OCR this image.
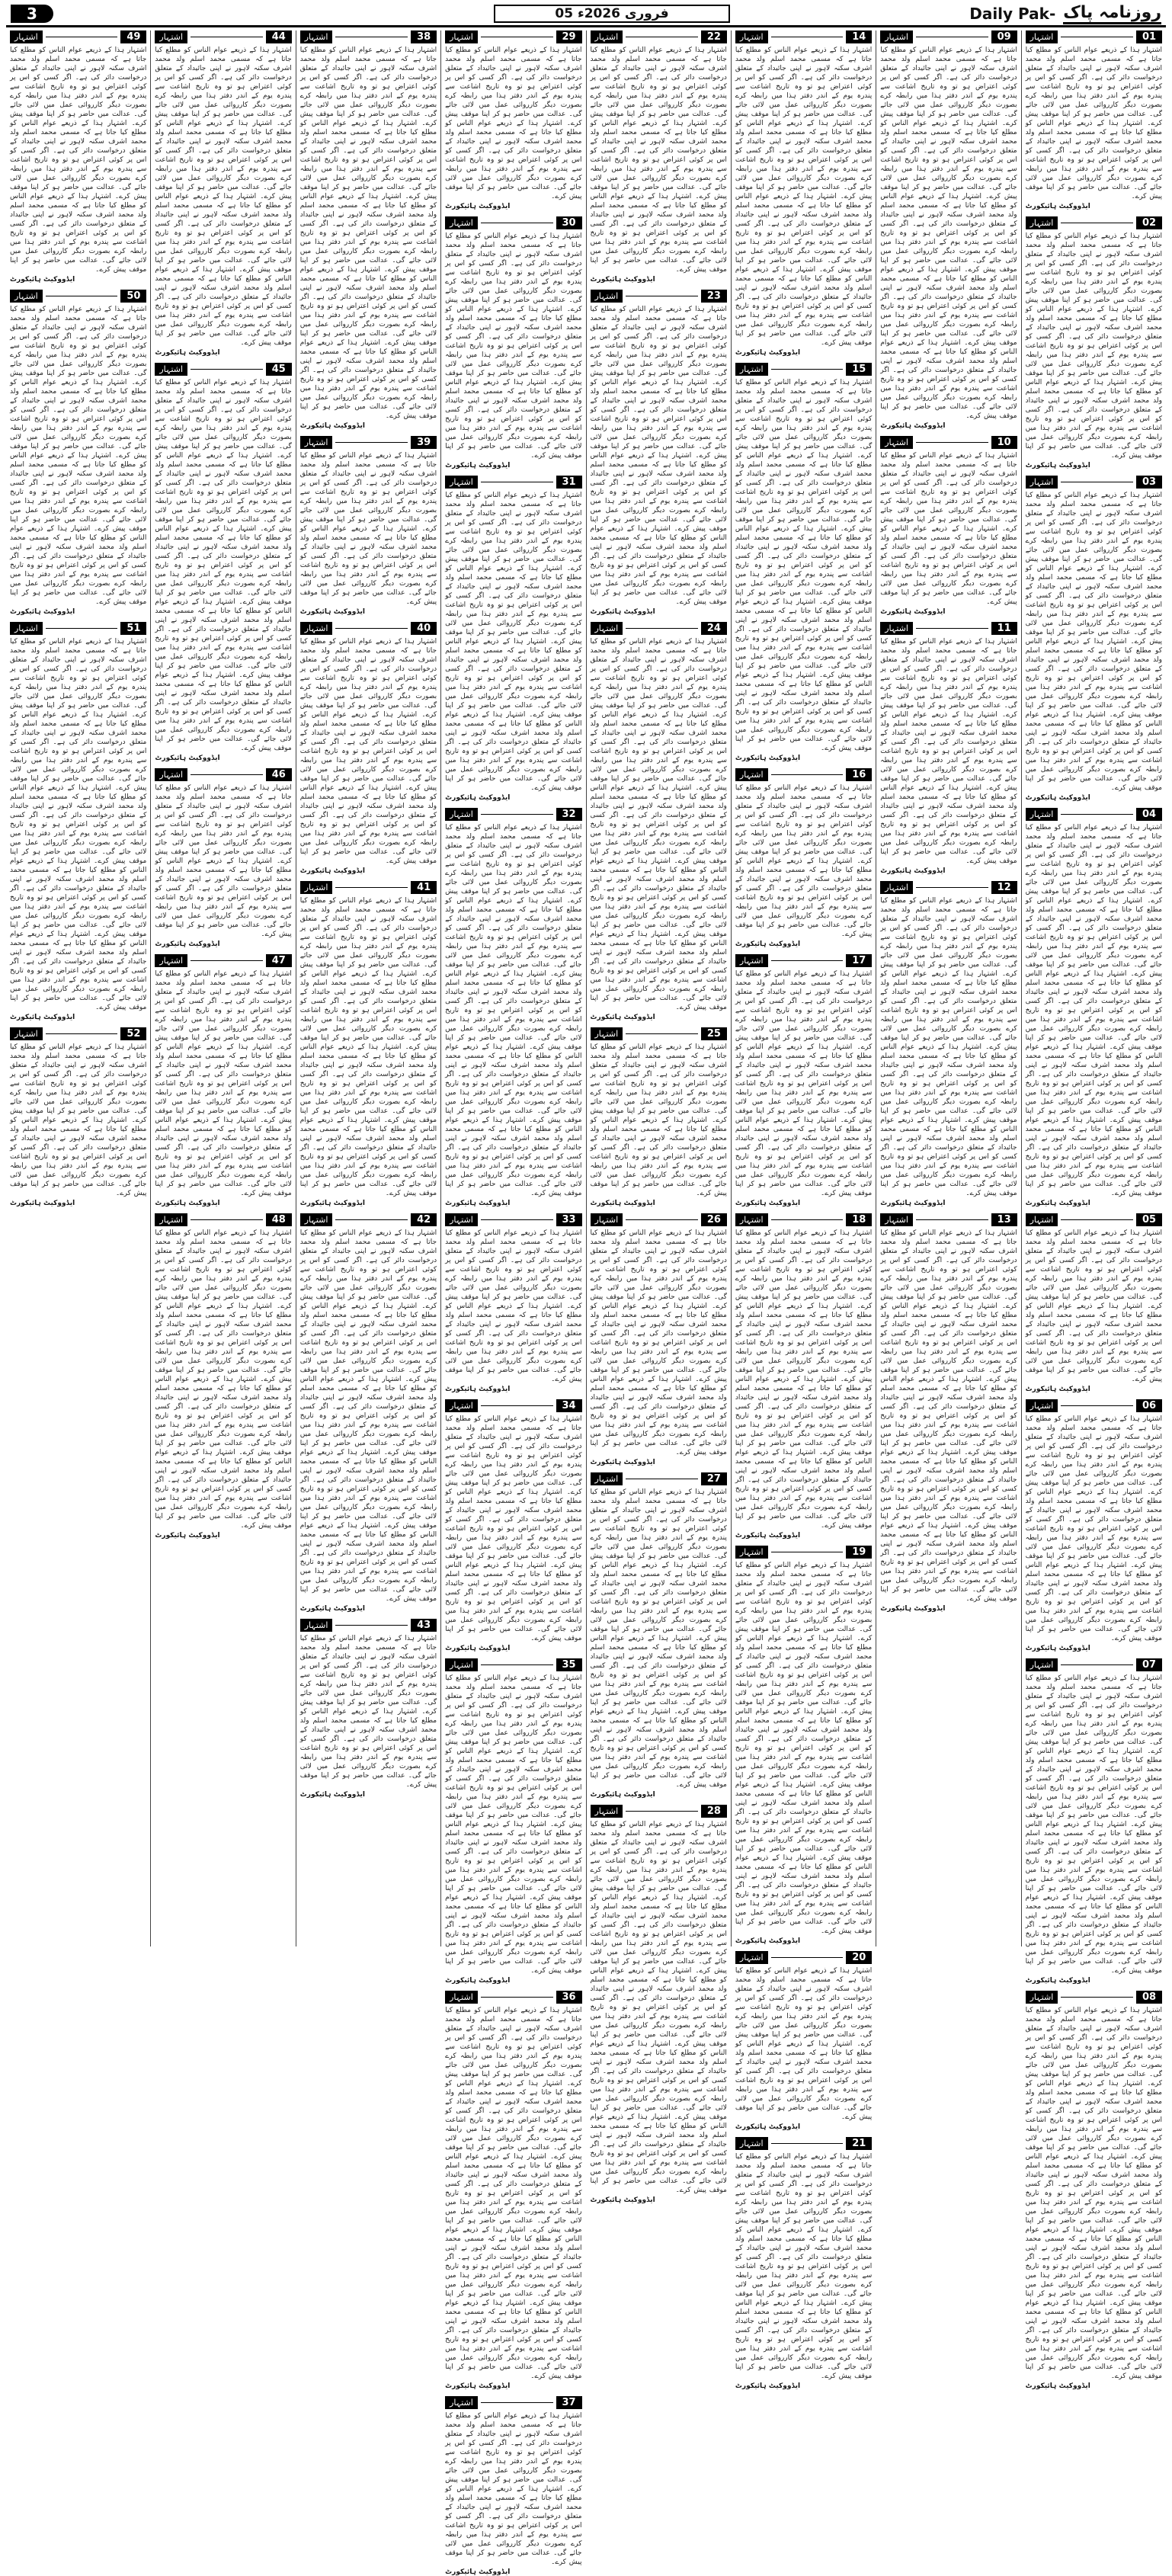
3	05 فروری 2026ء	Daily Pak- روزنامہ پاک
01
اشتہار
اشتہار ہذا کے ذریعے عوام الناس کو مطلع کیا جاتا ہے کہ مسمی محمد اسلم ولد محمد اشرف سکنہ لاہور نے اپنی جائیداد کے متعلق درخواست دائر کی ہے۔ اگر کسی کو اس پر کوئی اعتراض ہو تو وہ تاریخ اشاعت سے پندرہ یوم کے اندر دفتر ہذا میں رابطہ کرے بصورت دیگر کارروائی عمل میں لائی جائے گی۔ عدالت میں حاضر ہو کر اپنا موقف پیش کرے۔ اشتہار ہذا کے ذریعے عوام الناس کو مطلع کیا جاتا ہے کہ مسمی محمد اسلم ولد محمد اشرف سکنہ لاہور نے اپنی جائیداد کے متعلق درخواست دائر کی ہے۔ اگر کسی کو اس پر کوئی اعتراض ہو تو وہ تاریخ اشاعت سے پندرہ یوم کے اندر دفتر ہذا میں رابطہ کرے بصورت دیگر کارروائی عمل میں لائی جائے گی۔ عدالت میں حاضر ہو کر اپنا موقف پیش کرے۔
ایڈووکیٹ ہائیکورٹ
02
اشتہار
اشتہار ہذا کے ذریعے عوام الناس کو مطلع کیا جاتا ہے کہ مسمی محمد اسلم ولد محمد اشرف سکنہ لاہور نے اپنی جائیداد کے متعلق درخواست دائر کی ہے۔ اگر کسی کو اس پر کوئی اعتراض ہو تو وہ تاریخ اشاعت سے پندرہ یوم کے اندر دفتر ہذا میں رابطہ کرے بصورت دیگر کارروائی عمل میں لائی جائے گی۔ عدالت میں حاضر ہو کر اپنا موقف پیش کرے۔ اشتہار ہذا کے ذریعے عوام الناس کو مطلع کیا جاتا ہے کہ مسمی محمد اسلم ولد محمد اشرف سکنہ لاہور نے اپنی جائیداد کے متعلق درخواست دائر کی ہے۔ اگر کسی کو اس پر کوئی اعتراض ہو تو وہ تاریخ اشاعت سے پندرہ یوم کے اندر دفتر ہذا میں رابطہ کرے بصورت دیگر کارروائی عمل میں لائی جائے گی۔ عدالت میں حاضر ہو کر اپنا موقف پیش کرے۔ اشتہار ہذا کے ذریعے عوام الناس کو مطلع کیا جاتا ہے کہ مسمی محمد اسلم ولد محمد اشرف سکنہ لاہور نے اپنی جائیداد کے متعلق درخواست دائر کی ہے۔ اگر کسی کو اس پر کوئی اعتراض ہو تو وہ تاریخ اشاعت سے پندرہ یوم کے اندر دفتر ہذا میں رابطہ کرے بصورت دیگر کارروائی عمل میں لائی جائے گی۔ عدالت میں حاضر ہو کر اپنا موقف پیش کرے۔
ایڈووکیٹ ہائیکورٹ
03
اشتہار
اشتہار ہذا کے ذریعے عوام الناس کو مطلع کیا جاتا ہے کہ مسمی محمد اسلم ولد محمد اشرف سکنہ لاہور نے اپنی جائیداد کے متعلق درخواست دائر کی ہے۔ اگر کسی کو اس پر کوئی اعتراض ہو تو وہ تاریخ اشاعت سے پندرہ یوم کے اندر دفتر ہذا میں رابطہ کرے بصورت دیگر کارروائی عمل میں لائی جائے گی۔ عدالت میں حاضر ہو کر اپنا موقف پیش کرے۔ اشتہار ہذا کے ذریعے عوام الناس کو مطلع کیا جاتا ہے کہ مسمی محمد اسلم ولد محمد اشرف سکنہ لاہور نے اپنی جائیداد کے متعلق درخواست دائر کی ہے۔ اگر کسی کو اس پر کوئی اعتراض ہو تو وہ تاریخ اشاعت سے پندرہ یوم کے اندر دفتر ہذا میں رابطہ کرے بصورت دیگر کارروائی عمل میں لائی جائے گی۔ عدالت میں حاضر ہو کر اپنا موقف پیش کرے۔ اشتہار ہذا کے ذریعے عوام الناس کو مطلع کیا جاتا ہے کہ مسمی محمد اسلم ولد محمد اشرف سکنہ لاہور نے اپنی جائیداد کے متعلق درخواست دائر کی ہے۔ اگر کسی کو اس پر کوئی اعتراض ہو تو وہ تاریخ اشاعت سے پندرہ یوم کے اندر دفتر ہذا میں رابطہ کرے بصورت دیگر کارروائی عمل میں لائی جائے گی۔ عدالت میں حاضر ہو کر اپنا موقف پیش کرے۔ اشتہار ہذا کے ذریعے عوام الناس کو مطلع کیا جاتا ہے کہ مسمی محمد اسلم ولد محمد اشرف سکنہ لاہور نے اپنی جائیداد کے متعلق درخواست دائر کی ہے۔ اگر کسی کو اس پر کوئی اعتراض ہو تو وہ تاریخ اشاعت سے پندرہ یوم کے اندر دفتر ہذا میں رابطہ کرے بصورت دیگر کارروائی عمل میں لائی جائے گی۔ عدالت میں حاضر ہو کر اپنا موقف پیش کرے۔
ایڈووکیٹ ہائیکورٹ
04
اشتہار
اشتہار ہذا کے ذریعے عوام الناس کو مطلع کیا جاتا ہے کہ مسمی محمد اسلم ولد محمد اشرف سکنہ لاہور نے اپنی جائیداد کے متعلق درخواست دائر کی ہے۔ اگر کسی کو اس پر کوئی اعتراض ہو تو وہ تاریخ اشاعت سے پندرہ یوم کے اندر دفتر ہذا میں رابطہ کرے بصورت دیگر کارروائی عمل میں لائی جائے گی۔ عدالت میں حاضر ہو کر اپنا موقف پیش کرے۔ اشتہار ہذا کے ذریعے عوام الناس کو مطلع کیا جاتا ہے کہ مسمی محمد اسلم ولد محمد اشرف سکنہ لاہور نے اپنی جائیداد کے متعلق درخواست دائر کی ہے۔ اگر کسی کو اس پر کوئی اعتراض ہو تو وہ تاریخ اشاعت سے پندرہ یوم کے اندر دفتر ہذا میں رابطہ کرے بصورت دیگر کارروائی عمل میں لائی جائے گی۔ عدالت میں حاضر ہو کر اپنا موقف پیش کرے۔ اشتہار ہذا کے ذریعے عوام الناس کو مطلع کیا جاتا ہے کہ مسمی محمد اسلم ولد محمد اشرف سکنہ لاہور نے اپنی جائیداد کے متعلق درخواست دائر کی ہے۔ اگر کسی کو اس پر کوئی اعتراض ہو تو وہ تاریخ اشاعت سے پندرہ یوم کے اندر دفتر ہذا میں رابطہ کرے بصورت دیگر کارروائی عمل میں لائی جائے گی۔ عدالت میں حاضر ہو کر اپنا موقف پیش کرے۔ اشتہار ہذا کے ذریعے عوام الناس کو مطلع کیا جاتا ہے کہ مسمی محمد اسلم ولد محمد اشرف سکنہ لاہور نے اپنی جائیداد کے متعلق درخواست دائر کی ہے۔ اگر کسی کو اس پر کوئی اعتراض ہو تو وہ تاریخ اشاعت سے پندرہ یوم کے اندر دفتر ہذا میں رابطہ کرے بصورت دیگر کارروائی عمل میں لائی جائے گی۔ عدالت میں حاضر ہو کر اپنا موقف پیش کرے۔ اشتہار ہذا کے ذریعے عوام الناس کو مطلع کیا جاتا ہے کہ مسمی محمد اسلم ولد محمد اشرف سکنہ لاہور نے اپنی جائیداد کے متعلق درخواست دائر کی ہے۔ اگر کسی کو اس پر کوئی اعتراض ہو تو وہ تاریخ اشاعت سے پندرہ یوم کے اندر دفتر ہذا میں رابطہ کرے بصورت دیگر کارروائی عمل میں لائی جائے گی۔ عدالت میں حاضر ہو کر اپنا موقف پیش کرے۔
ایڈووکیٹ ہائیکورٹ
05
اشتہار
اشتہار ہذا کے ذریعے عوام الناس کو مطلع کیا جاتا ہے کہ مسمی محمد اسلم ولد محمد اشرف سکنہ لاہور نے اپنی جائیداد کے متعلق درخواست دائر کی ہے۔ اگر کسی کو اس پر کوئی اعتراض ہو تو وہ تاریخ اشاعت سے پندرہ یوم کے اندر دفتر ہذا میں رابطہ کرے بصورت دیگر کارروائی عمل میں لائی جائے گی۔ عدالت میں حاضر ہو کر اپنا موقف پیش کرے۔ اشتہار ہذا کے ذریعے عوام الناس کو مطلع کیا جاتا ہے کہ مسمی محمد اسلم ولد محمد اشرف سکنہ لاہور نے اپنی جائیداد کے متعلق درخواست دائر کی ہے۔ اگر کسی کو اس پر کوئی اعتراض ہو تو وہ تاریخ اشاعت سے پندرہ یوم کے اندر دفتر ہذا میں رابطہ کرے بصورت دیگر کارروائی عمل میں لائی جائے گی۔ عدالت میں حاضر ہو کر اپنا موقف پیش کرے۔
ایڈووکیٹ ہائیکورٹ
06
اشتہار
اشتہار ہذا کے ذریعے عوام الناس کو مطلع کیا جاتا ہے کہ مسمی محمد اسلم ولد محمد اشرف سکنہ لاہور نے اپنی جائیداد کے متعلق درخواست دائر کی ہے۔ اگر کسی کو اس پر کوئی اعتراض ہو تو وہ تاریخ اشاعت سے پندرہ یوم کے اندر دفتر ہذا میں رابطہ کرے بصورت دیگر کارروائی عمل میں لائی جائے گی۔ عدالت میں حاضر ہو کر اپنا موقف پیش کرے۔ اشتہار ہذا کے ذریعے عوام الناس کو مطلع کیا جاتا ہے کہ مسمی محمد اسلم ولد محمد اشرف سکنہ لاہور نے اپنی جائیداد کے متعلق درخواست دائر کی ہے۔ اگر کسی کو اس پر کوئی اعتراض ہو تو وہ تاریخ اشاعت سے پندرہ یوم کے اندر دفتر ہذا میں رابطہ کرے بصورت دیگر کارروائی عمل میں لائی جائے گی۔ عدالت میں حاضر ہو کر اپنا موقف پیش کرے۔ اشتہار ہذا کے ذریعے عوام الناس کو مطلع کیا جاتا ہے کہ مسمی محمد اسلم ولد محمد اشرف سکنہ لاہور نے اپنی جائیداد کے متعلق درخواست دائر کی ہے۔ اگر کسی کو اس پر کوئی اعتراض ہو تو وہ تاریخ اشاعت سے پندرہ یوم کے اندر دفتر ہذا میں رابطہ کرے بصورت دیگر کارروائی عمل میں لائی جائے گی۔ عدالت میں حاضر ہو کر اپنا موقف پیش کرے۔
ایڈووکیٹ ہائیکورٹ
07
اشتہار
اشتہار ہذا کے ذریعے عوام الناس کو مطلع کیا جاتا ہے کہ مسمی محمد اسلم ولد محمد اشرف سکنہ لاہور نے اپنی جائیداد کے متعلق درخواست دائر کی ہے۔ اگر کسی کو اس پر کوئی اعتراض ہو تو وہ تاریخ اشاعت سے پندرہ یوم کے اندر دفتر ہذا میں رابطہ کرے بصورت دیگر کارروائی عمل میں لائی جائے گی۔ عدالت میں حاضر ہو کر اپنا موقف پیش کرے۔ اشتہار ہذا کے ذریعے عوام الناس کو مطلع کیا جاتا ہے کہ مسمی محمد اسلم ولد محمد اشرف سکنہ لاہور نے اپنی جائیداد کے متعلق درخواست دائر کی ہے۔ اگر کسی کو اس پر کوئی اعتراض ہو تو وہ تاریخ اشاعت سے پندرہ یوم کے اندر دفتر ہذا میں رابطہ کرے بصورت دیگر کارروائی عمل میں لائی جائے گی۔ عدالت میں حاضر ہو کر اپنا موقف پیش کرے۔ اشتہار ہذا کے ذریعے عوام الناس کو مطلع کیا جاتا ہے کہ مسمی محمد اسلم ولد محمد اشرف سکنہ لاہور نے اپنی جائیداد کے متعلق درخواست دائر کی ہے۔ اگر کسی کو اس پر کوئی اعتراض ہو تو وہ تاریخ اشاعت سے پندرہ یوم کے اندر دفتر ہذا میں رابطہ کرے بصورت دیگر کارروائی عمل میں لائی جائے گی۔ عدالت میں حاضر ہو کر اپنا موقف پیش کرے۔ اشتہار ہذا کے ذریعے عوام الناس کو مطلع کیا جاتا ہے کہ مسمی محمد اسلم ولد محمد اشرف سکنہ لاہور نے اپنی جائیداد کے متعلق درخواست دائر کی ہے۔ اگر کسی کو اس پر کوئی اعتراض ہو تو وہ تاریخ اشاعت سے پندرہ یوم کے اندر دفتر ہذا میں رابطہ کرے بصورت دیگر کارروائی عمل میں لائی جائے گی۔ عدالت میں حاضر ہو کر اپنا موقف پیش کرے۔
ایڈووکیٹ ہائیکورٹ
08
اشتہار
اشتہار ہذا کے ذریعے عوام الناس کو مطلع کیا جاتا ہے کہ مسمی محمد اسلم ولد محمد اشرف سکنہ لاہور نے اپنی جائیداد کے متعلق درخواست دائر کی ہے۔ اگر کسی کو اس پر کوئی اعتراض ہو تو وہ تاریخ اشاعت سے پندرہ یوم کے اندر دفتر ہذا میں رابطہ کرے بصورت دیگر کارروائی عمل میں لائی جائے گی۔ عدالت میں حاضر ہو کر اپنا موقف پیش کرے۔ اشتہار ہذا کے ذریعے عوام الناس کو مطلع کیا جاتا ہے کہ مسمی محمد اسلم ولد محمد اشرف سکنہ لاہور نے اپنی جائیداد کے متعلق درخواست دائر کی ہے۔ اگر کسی کو اس پر کوئی اعتراض ہو تو وہ تاریخ اشاعت سے پندرہ یوم کے اندر دفتر ہذا میں رابطہ کرے بصورت دیگر کارروائی عمل میں لائی جائے گی۔ عدالت میں حاضر ہو کر اپنا موقف پیش کرے۔ اشتہار ہذا کے ذریعے عوام الناس کو مطلع کیا جاتا ہے کہ مسمی محمد اسلم ولد محمد اشرف سکنہ لاہور نے اپنی جائیداد کے متعلق درخواست دائر کی ہے۔ اگر کسی کو اس پر کوئی اعتراض ہو تو وہ تاریخ اشاعت سے پندرہ یوم کے اندر دفتر ہذا میں رابطہ کرے بصورت دیگر کارروائی عمل میں لائی جائے گی۔ عدالت میں حاضر ہو کر اپنا موقف پیش کرے۔ اشتہار ہذا کے ذریعے عوام الناس کو مطلع کیا جاتا ہے کہ مسمی محمد اسلم ولد محمد اشرف سکنہ لاہور نے اپنی جائیداد کے متعلق درخواست دائر کی ہے۔ اگر کسی کو اس پر کوئی اعتراض ہو تو وہ تاریخ اشاعت سے پندرہ یوم کے اندر دفتر ہذا میں رابطہ کرے بصورت دیگر کارروائی عمل میں لائی جائے گی۔ عدالت میں حاضر ہو کر اپنا موقف پیش کرے۔ اشتہار ہذا کے ذریعے عوام الناس کو مطلع کیا جاتا ہے کہ مسمی محمد اسلم ولد محمد اشرف سکنہ لاہور نے اپنی جائیداد کے متعلق درخواست دائر کی ہے۔ اگر کسی کو اس پر کوئی اعتراض ہو تو وہ تاریخ اشاعت سے پندرہ یوم کے اندر دفتر ہذا میں رابطہ کرے بصورت دیگر کارروائی عمل میں لائی جائے گی۔ عدالت میں حاضر ہو کر اپنا موقف پیش کرے۔
ایڈووکیٹ ہائیکورٹ
09
اشتہار
اشتہار ہذا کے ذریعے عوام الناس کو مطلع کیا جاتا ہے کہ مسمی محمد اسلم ولد محمد اشرف سکنہ لاہور نے اپنی جائیداد کے متعلق درخواست دائر کی ہے۔ اگر کسی کو اس پر کوئی اعتراض ہو تو وہ تاریخ اشاعت سے پندرہ یوم کے اندر دفتر ہذا میں رابطہ کرے بصورت دیگر کارروائی عمل میں لائی جائے گی۔ عدالت میں حاضر ہو کر اپنا موقف پیش کرے۔ اشتہار ہذا کے ذریعے عوام الناس کو مطلع کیا جاتا ہے کہ مسمی محمد اسلم ولد محمد اشرف سکنہ لاہور نے اپنی جائیداد کے متعلق درخواست دائر کی ہے۔ اگر کسی کو اس پر کوئی اعتراض ہو تو وہ تاریخ اشاعت سے پندرہ یوم کے اندر دفتر ہذا میں رابطہ کرے بصورت دیگر کارروائی عمل میں لائی جائے گی۔ عدالت میں حاضر ہو کر اپنا موقف پیش کرے۔ اشتہار ہذا کے ذریعے عوام الناس کو مطلع کیا جاتا ہے کہ مسمی محمد اسلم ولد محمد اشرف سکنہ لاہور نے اپنی جائیداد کے متعلق درخواست دائر کی ہے۔ اگر کسی کو اس پر کوئی اعتراض ہو تو وہ تاریخ اشاعت سے پندرہ یوم کے اندر دفتر ہذا میں رابطہ کرے بصورت دیگر کارروائی عمل میں لائی جائے گی۔ عدالت میں حاضر ہو کر اپنا موقف پیش کرے۔ اشتہار ہذا کے ذریعے عوام الناس کو مطلع کیا جاتا ہے کہ مسمی محمد اسلم ولد محمد اشرف سکنہ لاہور نے اپنی جائیداد کے متعلق درخواست دائر کی ہے۔ اگر کسی کو اس پر کوئی اعتراض ہو تو وہ تاریخ اشاعت سے پندرہ یوم کے اندر دفتر ہذا میں رابطہ کرے بصورت دیگر کارروائی عمل میں لائی جائے گی۔ عدالت میں حاضر ہو کر اپنا موقف پیش کرے۔ اشتہار ہذا کے ذریعے عوام الناس کو مطلع کیا جاتا ہے کہ مسمی محمد اسلم ولد محمد اشرف سکنہ لاہور نے اپنی جائیداد کے متعلق درخواست دائر کی ہے۔ اگر کسی کو اس پر کوئی اعتراض ہو تو وہ تاریخ اشاعت سے پندرہ یوم کے اندر دفتر ہذا میں رابطہ کرے بصورت دیگر کارروائی عمل میں لائی جائے گی۔ عدالت میں حاضر ہو کر اپنا موقف پیش کرے۔
ایڈووکیٹ ہائیکورٹ
10
اشتہار
اشتہار ہذا کے ذریعے عوام الناس کو مطلع کیا جاتا ہے کہ مسمی محمد اسلم ولد محمد اشرف سکنہ لاہور نے اپنی جائیداد کے متعلق درخواست دائر کی ہے۔ اگر کسی کو اس پر کوئی اعتراض ہو تو وہ تاریخ اشاعت سے پندرہ یوم کے اندر دفتر ہذا میں رابطہ کرے بصورت دیگر کارروائی عمل میں لائی جائے گی۔ عدالت میں حاضر ہو کر اپنا موقف پیش کرے۔ اشتہار ہذا کے ذریعے عوام الناس کو مطلع کیا جاتا ہے کہ مسمی محمد اسلم ولد محمد اشرف سکنہ لاہور نے اپنی جائیداد کے متعلق درخواست دائر کی ہے۔ اگر کسی کو اس پر کوئی اعتراض ہو تو وہ تاریخ اشاعت سے پندرہ یوم کے اندر دفتر ہذا میں رابطہ کرے بصورت دیگر کارروائی عمل میں لائی جائے گی۔ عدالت میں حاضر ہو کر اپنا موقف پیش کرے۔
ایڈووکیٹ ہائیکورٹ
11
اشتہار
اشتہار ہذا کے ذریعے عوام الناس کو مطلع کیا جاتا ہے کہ مسمی محمد اسلم ولد محمد اشرف سکنہ لاہور نے اپنی جائیداد کے متعلق درخواست دائر کی ہے۔ اگر کسی کو اس پر کوئی اعتراض ہو تو وہ تاریخ اشاعت سے پندرہ یوم کے اندر دفتر ہذا میں رابطہ کرے بصورت دیگر کارروائی عمل میں لائی جائے گی۔ عدالت میں حاضر ہو کر اپنا موقف پیش کرے۔ اشتہار ہذا کے ذریعے عوام الناس کو مطلع کیا جاتا ہے کہ مسمی محمد اسلم ولد محمد اشرف سکنہ لاہور نے اپنی جائیداد کے متعلق درخواست دائر کی ہے۔ اگر کسی کو اس پر کوئی اعتراض ہو تو وہ تاریخ اشاعت سے پندرہ یوم کے اندر دفتر ہذا میں رابطہ کرے بصورت دیگر کارروائی عمل میں لائی جائے گی۔ عدالت میں حاضر ہو کر اپنا موقف پیش کرے۔ اشتہار ہذا کے ذریعے عوام الناس کو مطلع کیا جاتا ہے کہ مسمی محمد اسلم ولد محمد اشرف سکنہ لاہور نے اپنی جائیداد کے متعلق درخواست دائر کی ہے۔ اگر کسی کو اس پر کوئی اعتراض ہو تو وہ تاریخ اشاعت سے پندرہ یوم کے اندر دفتر ہذا میں رابطہ کرے بصورت دیگر کارروائی عمل میں لائی جائے گی۔ عدالت میں حاضر ہو کر اپنا موقف پیش کرے۔
ایڈووکیٹ ہائیکورٹ
12
اشتہار
اشتہار ہذا کے ذریعے عوام الناس کو مطلع کیا جاتا ہے کہ مسمی محمد اسلم ولد محمد اشرف سکنہ لاہور نے اپنی جائیداد کے متعلق درخواست دائر کی ہے۔ اگر کسی کو اس پر کوئی اعتراض ہو تو وہ تاریخ اشاعت سے پندرہ یوم کے اندر دفتر ہذا میں رابطہ کرے بصورت دیگر کارروائی عمل میں لائی جائے گی۔ عدالت میں حاضر ہو کر اپنا موقف پیش کرے۔ اشتہار ہذا کے ذریعے عوام الناس کو مطلع کیا جاتا ہے کہ مسمی محمد اسلم ولد محمد اشرف سکنہ لاہور نے اپنی جائیداد کے متعلق درخواست دائر کی ہے۔ اگر کسی کو اس پر کوئی اعتراض ہو تو وہ تاریخ اشاعت سے پندرہ یوم کے اندر دفتر ہذا میں رابطہ کرے بصورت دیگر کارروائی عمل میں لائی جائے گی۔ عدالت میں حاضر ہو کر اپنا موقف پیش کرے۔ اشتہار ہذا کے ذریعے عوام الناس کو مطلع کیا جاتا ہے کہ مسمی محمد اسلم ولد محمد اشرف سکنہ لاہور نے اپنی جائیداد کے متعلق درخواست دائر کی ہے۔ اگر کسی کو اس پر کوئی اعتراض ہو تو وہ تاریخ اشاعت سے پندرہ یوم کے اندر دفتر ہذا میں رابطہ کرے بصورت دیگر کارروائی عمل میں لائی جائے گی۔ عدالت میں حاضر ہو کر اپنا موقف پیش کرے۔ اشتہار ہذا کے ذریعے عوام الناس کو مطلع کیا جاتا ہے کہ مسمی محمد اسلم ولد محمد اشرف سکنہ لاہور نے اپنی جائیداد کے متعلق درخواست دائر کی ہے۔ اگر کسی کو اس پر کوئی اعتراض ہو تو وہ تاریخ اشاعت سے پندرہ یوم کے اندر دفتر ہذا میں رابطہ کرے بصورت دیگر کارروائی عمل میں لائی جائے گی۔ عدالت میں حاضر ہو کر اپنا موقف پیش کرے۔
ایڈووکیٹ ہائیکورٹ
13
اشتہار
اشتہار ہذا کے ذریعے عوام الناس کو مطلع کیا جاتا ہے کہ مسمی محمد اسلم ولد محمد اشرف سکنہ لاہور نے اپنی جائیداد کے متعلق درخواست دائر کی ہے۔ اگر کسی کو اس پر کوئی اعتراض ہو تو وہ تاریخ اشاعت سے پندرہ یوم کے اندر دفتر ہذا میں رابطہ کرے بصورت دیگر کارروائی عمل میں لائی جائے گی۔ عدالت میں حاضر ہو کر اپنا موقف پیش کرے۔ اشتہار ہذا کے ذریعے عوام الناس کو مطلع کیا جاتا ہے کہ مسمی محمد اسلم ولد محمد اشرف سکنہ لاہور نے اپنی جائیداد کے متعلق درخواست دائر کی ہے۔ اگر کسی کو اس پر کوئی اعتراض ہو تو وہ تاریخ اشاعت سے پندرہ یوم کے اندر دفتر ہذا میں رابطہ کرے بصورت دیگر کارروائی عمل میں لائی جائے گی۔ عدالت میں حاضر ہو کر اپنا موقف پیش کرے۔ اشتہار ہذا کے ذریعے عوام الناس کو مطلع کیا جاتا ہے کہ مسمی محمد اسلم ولد محمد اشرف سکنہ لاہور نے اپنی جائیداد کے متعلق درخواست دائر کی ہے۔ اگر کسی کو اس پر کوئی اعتراض ہو تو وہ تاریخ اشاعت سے پندرہ یوم کے اندر دفتر ہذا میں رابطہ کرے بصورت دیگر کارروائی عمل میں لائی جائے گی۔ عدالت میں حاضر ہو کر اپنا موقف پیش کرے۔ اشتہار ہذا کے ذریعے عوام الناس کو مطلع کیا جاتا ہے کہ مسمی محمد اسلم ولد محمد اشرف سکنہ لاہور نے اپنی جائیداد کے متعلق درخواست دائر کی ہے۔ اگر کسی کو اس پر کوئی اعتراض ہو تو وہ تاریخ اشاعت سے پندرہ یوم کے اندر دفتر ہذا میں رابطہ کرے بصورت دیگر کارروائی عمل میں لائی جائے گی۔ عدالت میں حاضر ہو کر اپنا موقف پیش کرے۔ اشتہار ہذا کے ذریعے عوام الناس کو مطلع کیا جاتا ہے کہ مسمی محمد اسلم ولد محمد اشرف سکنہ لاہور نے اپنی جائیداد کے متعلق درخواست دائر کی ہے۔ اگر کسی کو اس پر کوئی اعتراض ہو تو وہ تاریخ اشاعت سے پندرہ یوم کے اندر دفتر ہذا میں رابطہ کرے بصورت دیگر کارروائی عمل میں لائی جائے گی۔ عدالت میں حاضر ہو کر اپنا موقف پیش کرے۔
ایڈووکیٹ ہائیکورٹ
14
اشتہار
اشتہار ہذا کے ذریعے عوام الناس کو مطلع کیا جاتا ہے کہ مسمی محمد اسلم ولد محمد اشرف سکنہ لاہور نے اپنی جائیداد کے متعلق درخواست دائر کی ہے۔ اگر کسی کو اس پر کوئی اعتراض ہو تو وہ تاریخ اشاعت سے پندرہ یوم کے اندر دفتر ہذا میں رابطہ کرے بصورت دیگر کارروائی عمل میں لائی جائے گی۔ عدالت میں حاضر ہو کر اپنا موقف پیش کرے۔ اشتہار ہذا کے ذریعے عوام الناس کو مطلع کیا جاتا ہے کہ مسمی محمد اسلم ولد محمد اشرف سکنہ لاہور نے اپنی جائیداد کے متعلق درخواست دائر کی ہے۔ اگر کسی کو اس پر کوئی اعتراض ہو تو وہ تاریخ اشاعت سے پندرہ یوم کے اندر دفتر ہذا میں رابطہ کرے بصورت دیگر کارروائی عمل میں لائی جائے گی۔ عدالت میں حاضر ہو کر اپنا موقف پیش کرے۔ اشتہار ہذا کے ذریعے عوام الناس کو مطلع کیا جاتا ہے کہ مسمی محمد اسلم ولد محمد اشرف سکنہ لاہور نے اپنی جائیداد کے متعلق درخواست دائر کی ہے۔ اگر کسی کو اس پر کوئی اعتراض ہو تو وہ تاریخ اشاعت سے پندرہ یوم کے اندر دفتر ہذا میں رابطہ کرے بصورت دیگر کارروائی عمل میں لائی جائے گی۔ عدالت میں حاضر ہو کر اپنا موقف پیش کرے۔ اشتہار ہذا کے ذریعے عوام الناس کو مطلع کیا جاتا ہے کہ مسمی محمد اسلم ولد محمد اشرف سکنہ لاہور نے اپنی جائیداد کے متعلق درخواست دائر کی ہے۔ اگر کسی کو اس پر کوئی اعتراض ہو تو وہ تاریخ اشاعت سے پندرہ یوم کے اندر دفتر ہذا میں رابطہ کرے بصورت دیگر کارروائی عمل میں لائی جائے گی۔ عدالت میں حاضر ہو کر اپنا موقف پیش کرے۔
ایڈووکیٹ ہائیکورٹ
15
اشتہار
اشتہار ہذا کے ذریعے عوام الناس کو مطلع کیا جاتا ہے کہ مسمی محمد اسلم ولد محمد اشرف سکنہ لاہور نے اپنی جائیداد کے متعلق درخواست دائر کی ہے۔ اگر کسی کو اس پر کوئی اعتراض ہو تو وہ تاریخ اشاعت سے پندرہ یوم کے اندر دفتر ہذا میں رابطہ کرے بصورت دیگر کارروائی عمل میں لائی جائے گی۔ عدالت میں حاضر ہو کر اپنا موقف پیش کرے۔ اشتہار ہذا کے ذریعے عوام الناس کو مطلع کیا جاتا ہے کہ مسمی محمد اسلم ولد محمد اشرف سکنہ لاہور نے اپنی جائیداد کے متعلق درخواست دائر کی ہے۔ اگر کسی کو اس پر کوئی اعتراض ہو تو وہ تاریخ اشاعت سے پندرہ یوم کے اندر دفتر ہذا میں رابطہ کرے بصورت دیگر کارروائی عمل میں لائی جائے گی۔ عدالت میں حاضر ہو کر اپنا موقف پیش کرے۔ اشتہار ہذا کے ذریعے عوام الناس کو مطلع کیا جاتا ہے کہ مسمی محمد اسلم ولد محمد اشرف سکنہ لاہور نے اپنی جائیداد کے متعلق درخواست دائر کی ہے۔ اگر کسی کو اس پر کوئی اعتراض ہو تو وہ تاریخ اشاعت سے پندرہ یوم کے اندر دفتر ہذا میں رابطہ کرے بصورت دیگر کارروائی عمل میں لائی جائے گی۔ عدالت میں حاضر ہو کر اپنا موقف پیش کرے۔ اشتہار ہذا کے ذریعے عوام الناس کو مطلع کیا جاتا ہے کہ مسمی محمد اسلم ولد محمد اشرف سکنہ لاہور نے اپنی جائیداد کے متعلق درخواست دائر کی ہے۔ اگر کسی کو اس پر کوئی اعتراض ہو تو وہ تاریخ اشاعت سے پندرہ یوم کے اندر دفتر ہذا میں رابطہ کرے بصورت دیگر کارروائی عمل میں لائی جائے گی۔ عدالت میں حاضر ہو کر اپنا موقف پیش کرے۔ اشتہار ہذا کے ذریعے عوام الناس کو مطلع کیا جاتا ہے کہ مسمی محمد اسلم ولد محمد اشرف سکنہ لاہور نے اپنی جائیداد کے متعلق درخواست دائر کی ہے۔ اگر کسی کو اس پر کوئی اعتراض ہو تو وہ تاریخ اشاعت سے پندرہ یوم کے اندر دفتر ہذا میں رابطہ کرے بصورت دیگر کارروائی عمل میں لائی جائے گی۔ عدالت میں حاضر ہو کر اپنا موقف پیش کرے۔
ایڈووکیٹ ہائیکورٹ
16
اشتہار
اشتہار ہذا کے ذریعے عوام الناس کو مطلع کیا جاتا ہے کہ مسمی محمد اسلم ولد محمد اشرف سکنہ لاہور نے اپنی جائیداد کے متعلق درخواست دائر کی ہے۔ اگر کسی کو اس پر کوئی اعتراض ہو تو وہ تاریخ اشاعت سے پندرہ یوم کے اندر دفتر ہذا میں رابطہ کرے بصورت دیگر کارروائی عمل میں لائی جائے گی۔ عدالت میں حاضر ہو کر اپنا موقف پیش کرے۔ اشتہار ہذا کے ذریعے عوام الناس کو مطلع کیا جاتا ہے کہ مسمی محمد اسلم ولد محمد اشرف سکنہ لاہور نے اپنی جائیداد کے متعلق درخواست دائر کی ہے۔ اگر کسی کو اس پر کوئی اعتراض ہو تو وہ تاریخ اشاعت سے پندرہ یوم کے اندر دفتر ہذا میں رابطہ کرے بصورت دیگر کارروائی عمل میں لائی جائے گی۔ عدالت میں حاضر ہو کر اپنا موقف پیش کرے۔
ایڈووکیٹ ہائیکورٹ
17
اشتہار
اشتہار ہذا کے ذریعے عوام الناس کو مطلع کیا جاتا ہے کہ مسمی محمد اسلم ولد محمد اشرف سکنہ لاہور نے اپنی جائیداد کے متعلق درخواست دائر کی ہے۔ اگر کسی کو اس پر کوئی اعتراض ہو تو وہ تاریخ اشاعت سے پندرہ یوم کے اندر دفتر ہذا میں رابطہ کرے بصورت دیگر کارروائی عمل میں لائی جائے گی۔ عدالت میں حاضر ہو کر اپنا موقف پیش کرے۔ اشتہار ہذا کے ذریعے عوام الناس کو مطلع کیا جاتا ہے کہ مسمی محمد اسلم ولد محمد اشرف سکنہ لاہور نے اپنی جائیداد کے متعلق درخواست دائر کی ہے۔ اگر کسی کو اس پر کوئی اعتراض ہو تو وہ تاریخ اشاعت سے پندرہ یوم کے اندر دفتر ہذا میں رابطہ کرے بصورت دیگر کارروائی عمل میں لائی جائے گی۔ عدالت میں حاضر ہو کر اپنا موقف پیش کرے۔ اشتہار ہذا کے ذریعے عوام الناس کو مطلع کیا جاتا ہے کہ مسمی محمد اسلم ولد محمد اشرف سکنہ لاہور نے اپنی جائیداد کے متعلق درخواست دائر کی ہے۔ اگر کسی کو اس پر کوئی اعتراض ہو تو وہ تاریخ اشاعت سے پندرہ یوم کے اندر دفتر ہذا میں رابطہ کرے بصورت دیگر کارروائی عمل میں لائی جائے گی۔ عدالت میں حاضر ہو کر اپنا موقف پیش کرے۔
ایڈووکیٹ ہائیکورٹ
18
اشتہار
اشتہار ہذا کے ذریعے عوام الناس کو مطلع کیا جاتا ہے کہ مسمی محمد اسلم ولد محمد اشرف سکنہ لاہور نے اپنی جائیداد کے متعلق درخواست دائر کی ہے۔ اگر کسی کو اس پر کوئی اعتراض ہو تو وہ تاریخ اشاعت سے پندرہ یوم کے اندر دفتر ہذا میں رابطہ کرے بصورت دیگر کارروائی عمل میں لائی جائے گی۔ عدالت میں حاضر ہو کر اپنا موقف پیش کرے۔ اشتہار ہذا کے ذریعے عوام الناس کو مطلع کیا جاتا ہے کہ مسمی محمد اسلم ولد محمد اشرف سکنہ لاہور نے اپنی جائیداد کے متعلق درخواست دائر کی ہے۔ اگر کسی کو اس پر کوئی اعتراض ہو تو وہ تاریخ اشاعت سے پندرہ یوم کے اندر دفتر ہذا میں رابطہ کرے بصورت دیگر کارروائی عمل میں لائی جائے گی۔ عدالت میں حاضر ہو کر اپنا موقف پیش کرے۔ اشتہار ہذا کے ذریعے عوام الناس کو مطلع کیا جاتا ہے کہ مسمی محمد اسلم ولد محمد اشرف سکنہ لاہور نے اپنی جائیداد کے متعلق درخواست دائر کی ہے۔ اگر کسی کو اس پر کوئی اعتراض ہو تو وہ تاریخ اشاعت سے پندرہ یوم کے اندر دفتر ہذا میں رابطہ کرے بصورت دیگر کارروائی عمل میں لائی جائے گی۔ عدالت میں حاضر ہو کر اپنا موقف پیش کرے۔ اشتہار ہذا کے ذریعے عوام الناس کو مطلع کیا جاتا ہے کہ مسمی محمد اسلم ولد محمد اشرف سکنہ لاہور نے اپنی جائیداد کے متعلق درخواست دائر کی ہے۔ اگر کسی کو اس پر کوئی اعتراض ہو تو وہ تاریخ اشاعت سے پندرہ یوم کے اندر دفتر ہذا میں رابطہ کرے بصورت دیگر کارروائی عمل میں لائی جائے گی۔ عدالت میں حاضر ہو کر اپنا موقف پیش کرے۔
ایڈووکیٹ ہائیکورٹ
19
اشتہار
اشتہار ہذا کے ذریعے عوام الناس کو مطلع کیا جاتا ہے کہ مسمی محمد اسلم ولد محمد اشرف سکنہ لاہور نے اپنی جائیداد کے متعلق درخواست دائر کی ہے۔ اگر کسی کو اس پر کوئی اعتراض ہو تو وہ تاریخ اشاعت سے پندرہ یوم کے اندر دفتر ہذا میں رابطہ کرے بصورت دیگر کارروائی عمل میں لائی جائے گی۔ عدالت میں حاضر ہو کر اپنا موقف پیش کرے۔ اشتہار ہذا کے ذریعے عوام الناس کو مطلع کیا جاتا ہے کہ مسمی محمد اسلم ولد محمد اشرف سکنہ لاہور نے اپنی جائیداد کے متعلق درخواست دائر کی ہے۔ اگر کسی کو اس پر کوئی اعتراض ہو تو وہ تاریخ اشاعت سے پندرہ یوم کے اندر دفتر ہذا میں رابطہ کرے بصورت دیگر کارروائی عمل میں لائی جائے گی۔ عدالت میں حاضر ہو کر اپنا موقف پیش کرے۔ اشتہار ہذا کے ذریعے عوام الناس کو مطلع کیا جاتا ہے کہ مسمی محمد اسلم ولد محمد اشرف سکنہ لاہور نے اپنی جائیداد کے متعلق درخواست دائر کی ہے۔ اگر کسی کو اس پر کوئی اعتراض ہو تو وہ تاریخ اشاعت سے پندرہ یوم کے اندر دفتر ہذا میں رابطہ کرے بصورت دیگر کارروائی عمل میں لائی جائے گی۔ عدالت میں حاضر ہو کر اپنا موقف پیش کرے۔ اشتہار ہذا کے ذریعے عوام الناس کو مطلع کیا جاتا ہے کہ مسمی محمد اسلم ولد محمد اشرف سکنہ لاہور نے اپنی جائیداد کے متعلق درخواست دائر کی ہے۔ اگر کسی کو اس پر کوئی اعتراض ہو تو وہ تاریخ اشاعت سے پندرہ یوم کے اندر دفتر ہذا میں رابطہ کرے بصورت دیگر کارروائی عمل میں لائی جائے گی۔ عدالت میں حاضر ہو کر اپنا موقف پیش کرے۔ اشتہار ہذا کے ذریعے عوام الناس کو مطلع کیا جاتا ہے کہ مسمی محمد اسلم ولد محمد اشرف سکنہ لاہور نے اپنی جائیداد کے متعلق درخواست دائر کی ہے۔ اگر کسی کو اس پر کوئی اعتراض ہو تو وہ تاریخ اشاعت سے پندرہ یوم کے اندر دفتر ہذا میں رابطہ کرے بصورت دیگر کارروائی عمل میں لائی جائے گی۔ عدالت میں حاضر ہو کر اپنا موقف پیش کرے۔
ایڈووکیٹ ہائیکورٹ
20
اشتہار
اشتہار ہذا کے ذریعے عوام الناس کو مطلع کیا جاتا ہے کہ مسمی محمد اسلم ولد محمد اشرف سکنہ لاہور نے اپنی جائیداد کے متعلق درخواست دائر کی ہے۔ اگر کسی کو اس پر کوئی اعتراض ہو تو وہ تاریخ اشاعت سے پندرہ یوم کے اندر دفتر ہذا میں رابطہ کرے بصورت دیگر کارروائی عمل میں لائی جائے گی۔ عدالت میں حاضر ہو کر اپنا موقف پیش کرے۔ اشتہار ہذا کے ذریعے عوام الناس کو مطلع کیا جاتا ہے کہ مسمی محمد اسلم ولد محمد اشرف سکنہ لاہور نے اپنی جائیداد کے متعلق درخواست دائر کی ہے۔ اگر کسی کو اس پر کوئی اعتراض ہو تو وہ تاریخ اشاعت سے پندرہ یوم کے اندر دفتر ہذا میں رابطہ کرے بصورت دیگر کارروائی عمل میں لائی جائے گی۔ عدالت میں حاضر ہو کر اپنا موقف پیش کرے۔
ایڈووکیٹ ہائیکورٹ
21
اشتہار
اشتہار ہذا کے ذریعے عوام الناس کو مطلع کیا جاتا ہے کہ مسمی محمد اسلم ولد محمد اشرف سکنہ لاہور نے اپنی جائیداد کے متعلق درخواست دائر کی ہے۔ اگر کسی کو اس پر کوئی اعتراض ہو تو وہ تاریخ اشاعت سے پندرہ یوم کے اندر دفتر ہذا میں رابطہ کرے بصورت دیگر کارروائی عمل میں لائی جائے گی۔ عدالت میں حاضر ہو کر اپنا موقف پیش کرے۔ اشتہار ہذا کے ذریعے عوام الناس کو مطلع کیا جاتا ہے کہ مسمی محمد اسلم ولد محمد اشرف سکنہ لاہور نے اپنی جائیداد کے متعلق درخواست دائر کی ہے۔ اگر کسی کو اس پر کوئی اعتراض ہو تو وہ تاریخ اشاعت سے پندرہ یوم کے اندر دفتر ہذا میں رابطہ کرے بصورت دیگر کارروائی عمل میں لائی جائے گی۔ عدالت میں حاضر ہو کر اپنا موقف پیش کرے۔ اشتہار ہذا کے ذریعے عوام الناس کو مطلع کیا جاتا ہے کہ مسمی محمد اسلم ولد محمد اشرف سکنہ لاہور نے اپنی جائیداد کے متعلق درخواست دائر کی ہے۔ اگر کسی کو اس پر کوئی اعتراض ہو تو وہ تاریخ اشاعت سے پندرہ یوم کے اندر دفتر ہذا میں رابطہ کرے بصورت دیگر کارروائی عمل میں لائی جائے گی۔ عدالت میں حاضر ہو کر اپنا موقف پیش کرے۔
ایڈووکیٹ ہائیکورٹ
22
اشتہار
اشتہار ہذا کے ذریعے عوام الناس کو مطلع کیا جاتا ہے کہ مسمی محمد اسلم ولد محمد اشرف سکنہ لاہور نے اپنی جائیداد کے متعلق درخواست دائر کی ہے۔ اگر کسی کو اس پر کوئی اعتراض ہو تو وہ تاریخ اشاعت سے پندرہ یوم کے اندر دفتر ہذا میں رابطہ کرے بصورت دیگر کارروائی عمل میں لائی جائے گی۔ عدالت میں حاضر ہو کر اپنا موقف پیش کرے۔ اشتہار ہذا کے ذریعے عوام الناس کو مطلع کیا جاتا ہے کہ مسمی محمد اسلم ولد محمد اشرف سکنہ لاہور نے اپنی جائیداد کے متعلق درخواست دائر کی ہے۔ اگر کسی کو اس پر کوئی اعتراض ہو تو وہ تاریخ اشاعت سے پندرہ یوم کے اندر دفتر ہذا میں رابطہ کرے بصورت دیگر کارروائی عمل میں لائی جائے گی۔ عدالت میں حاضر ہو کر اپنا موقف پیش کرے۔ اشتہار ہذا کے ذریعے عوام الناس کو مطلع کیا جاتا ہے کہ مسمی محمد اسلم ولد محمد اشرف سکنہ لاہور نے اپنی جائیداد کے متعلق درخواست دائر کی ہے۔ اگر کسی کو اس پر کوئی اعتراض ہو تو وہ تاریخ اشاعت سے پندرہ یوم کے اندر دفتر ہذا میں رابطہ کرے بصورت دیگر کارروائی عمل میں لائی جائے گی۔ عدالت میں حاضر ہو کر اپنا موقف پیش کرے۔
ایڈووکیٹ ہائیکورٹ
23
اشتہار
اشتہار ہذا کے ذریعے عوام الناس کو مطلع کیا جاتا ہے کہ مسمی محمد اسلم ولد محمد اشرف سکنہ لاہور نے اپنی جائیداد کے متعلق درخواست دائر کی ہے۔ اگر کسی کو اس پر کوئی اعتراض ہو تو وہ تاریخ اشاعت سے پندرہ یوم کے اندر دفتر ہذا میں رابطہ کرے بصورت دیگر کارروائی عمل میں لائی جائے گی۔ عدالت میں حاضر ہو کر اپنا موقف پیش کرے۔ اشتہار ہذا کے ذریعے عوام الناس کو مطلع کیا جاتا ہے کہ مسمی محمد اسلم ولد محمد اشرف سکنہ لاہور نے اپنی جائیداد کے متعلق درخواست دائر کی ہے۔ اگر کسی کو اس پر کوئی اعتراض ہو تو وہ تاریخ اشاعت سے پندرہ یوم کے اندر دفتر ہذا میں رابطہ کرے بصورت دیگر کارروائی عمل میں لائی جائے گی۔ عدالت میں حاضر ہو کر اپنا موقف پیش کرے۔ اشتہار ہذا کے ذریعے عوام الناس کو مطلع کیا جاتا ہے کہ مسمی محمد اسلم ولد محمد اشرف سکنہ لاہور نے اپنی جائیداد کے متعلق درخواست دائر کی ہے۔ اگر کسی کو اس پر کوئی اعتراض ہو تو وہ تاریخ اشاعت سے پندرہ یوم کے اندر دفتر ہذا میں رابطہ کرے بصورت دیگر کارروائی عمل میں لائی جائے گی۔ عدالت میں حاضر ہو کر اپنا موقف پیش کرے۔ اشتہار ہذا کے ذریعے عوام الناس کو مطلع کیا جاتا ہے کہ مسمی محمد اسلم ولد محمد اشرف سکنہ لاہور نے اپنی جائیداد کے متعلق درخواست دائر کی ہے۔ اگر کسی کو اس پر کوئی اعتراض ہو تو وہ تاریخ اشاعت سے پندرہ یوم کے اندر دفتر ہذا میں رابطہ کرے بصورت دیگر کارروائی عمل میں لائی جائے گی۔ عدالت میں حاضر ہو کر اپنا موقف پیش کرے۔
ایڈووکیٹ ہائیکورٹ
24
اشتہار
اشتہار ہذا کے ذریعے عوام الناس کو مطلع کیا جاتا ہے کہ مسمی محمد اسلم ولد محمد اشرف سکنہ لاہور نے اپنی جائیداد کے متعلق درخواست دائر کی ہے۔ اگر کسی کو اس پر کوئی اعتراض ہو تو وہ تاریخ اشاعت سے پندرہ یوم کے اندر دفتر ہذا میں رابطہ کرے بصورت دیگر کارروائی عمل میں لائی جائے گی۔ عدالت میں حاضر ہو کر اپنا موقف پیش کرے۔ اشتہار ہذا کے ذریعے عوام الناس کو مطلع کیا جاتا ہے کہ مسمی محمد اسلم ولد محمد اشرف سکنہ لاہور نے اپنی جائیداد کے متعلق درخواست دائر کی ہے۔ اگر کسی کو اس پر کوئی اعتراض ہو تو وہ تاریخ اشاعت سے پندرہ یوم کے اندر دفتر ہذا میں رابطہ کرے بصورت دیگر کارروائی عمل میں لائی جائے گی۔ عدالت میں حاضر ہو کر اپنا موقف پیش کرے۔ اشتہار ہذا کے ذریعے عوام الناس کو مطلع کیا جاتا ہے کہ مسمی محمد اسلم ولد محمد اشرف سکنہ لاہور نے اپنی جائیداد کے متعلق درخواست دائر کی ہے۔ اگر کسی کو اس پر کوئی اعتراض ہو تو وہ تاریخ اشاعت سے پندرہ یوم کے اندر دفتر ہذا میں رابطہ کرے بصورت دیگر کارروائی عمل میں لائی جائے گی۔ عدالت میں حاضر ہو کر اپنا موقف پیش کرے۔ اشتہار ہذا کے ذریعے عوام الناس کو مطلع کیا جاتا ہے کہ مسمی محمد اسلم ولد محمد اشرف سکنہ لاہور نے اپنی جائیداد کے متعلق درخواست دائر کی ہے۔ اگر کسی کو اس پر کوئی اعتراض ہو تو وہ تاریخ اشاعت سے پندرہ یوم کے اندر دفتر ہذا میں رابطہ کرے بصورت دیگر کارروائی عمل میں لائی جائے گی۔ عدالت میں حاضر ہو کر اپنا موقف پیش کرے۔ اشتہار ہذا کے ذریعے عوام الناس کو مطلع کیا جاتا ہے کہ مسمی محمد اسلم ولد محمد اشرف سکنہ لاہور نے اپنی جائیداد کے متعلق درخواست دائر کی ہے۔ اگر کسی کو اس پر کوئی اعتراض ہو تو وہ تاریخ اشاعت سے پندرہ یوم کے اندر دفتر ہذا میں رابطہ کرے بصورت دیگر کارروائی عمل میں لائی جائے گی۔ عدالت میں حاضر ہو کر اپنا موقف پیش کرے۔
ایڈووکیٹ ہائیکورٹ
25
اشتہار
اشتہار ہذا کے ذریعے عوام الناس کو مطلع کیا جاتا ہے کہ مسمی محمد اسلم ولد محمد اشرف سکنہ لاہور نے اپنی جائیداد کے متعلق درخواست دائر کی ہے۔ اگر کسی کو اس پر کوئی اعتراض ہو تو وہ تاریخ اشاعت سے پندرہ یوم کے اندر دفتر ہذا میں رابطہ کرے بصورت دیگر کارروائی عمل میں لائی جائے گی۔ عدالت میں حاضر ہو کر اپنا موقف پیش کرے۔ اشتہار ہذا کے ذریعے عوام الناس کو مطلع کیا جاتا ہے کہ مسمی محمد اسلم ولد محمد اشرف سکنہ لاہور نے اپنی جائیداد کے متعلق درخواست دائر کی ہے۔ اگر کسی کو اس پر کوئی اعتراض ہو تو وہ تاریخ اشاعت سے پندرہ یوم کے اندر دفتر ہذا میں رابطہ کرے بصورت دیگر کارروائی عمل میں لائی جائے گی۔ عدالت میں حاضر ہو کر اپنا موقف پیش کرے۔
ایڈووکیٹ ہائیکورٹ
26
اشتہار
اشتہار ہذا کے ذریعے عوام الناس کو مطلع کیا جاتا ہے کہ مسمی محمد اسلم ولد محمد اشرف سکنہ لاہور نے اپنی جائیداد کے متعلق درخواست دائر کی ہے۔ اگر کسی کو اس پر کوئی اعتراض ہو تو وہ تاریخ اشاعت سے پندرہ یوم کے اندر دفتر ہذا میں رابطہ کرے بصورت دیگر کارروائی عمل میں لائی جائے گی۔ عدالت میں حاضر ہو کر اپنا موقف پیش کرے۔ اشتہار ہذا کے ذریعے عوام الناس کو مطلع کیا جاتا ہے کہ مسمی محمد اسلم ولد محمد اشرف سکنہ لاہور نے اپنی جائیداد کے متعلق درخواست دائر کی ہے۔ اگر کسی کو اس پر کوئی اعتراض ہو تو وہ تاریخ اشاعت سے پندرہ یوم کے اندر دفتر ہذا میں رابطہ کرے بصورت دیگر کارروائی عمل میں لائی جائے گی۔ عدالت میں حاضر ہو کر اپنا موقف پیش کرے۔ اشتہار ہذا کے ذریعے عوام الناس کو مطلع کیا جاتا ہے کہ مسمی محمد اسلم ولد محمد اشرف سکنہ لاہور نے اپنی جائیداد کے متعلق درخواست دائر کی ہے۔ اگر کسی کو اس پر کوئی اعتراض ہو تو وہ تاریخ اشاعت سے پندرہ یوم کے اندر دفتر ہذا میں رابطہ کرے بصورت دیگر کارروائی عمل میں لائی جائے گی۔ عدالت میں حاضر ہو کر اپنا موقف پیش کرے۔
ایڈووکیٹ ہائیکورٹ
27
اشتہار
اشتہار ہذا کے ذریعے عوام الناس کو مطلع کیا جاتا ہے کہ مسمی محمد اسلم ولد محمد اشرف سکنہ لاہور نے اپنی جائیداد کے متعلق درخواست دائر کی ہے۔ اگر کسی کو اس پر کوئی اعتراض ہو تو وہ تاریخ اشاعت سے پندرہ یوم کے اندر دفتر ہذا میں رابطہ کرے بصورت دیگر کارروائی عمل میں لائی جائے گی۔ عدالت میں حاضر ہو کر اپنا موقف پیش کرے۔ اشتہار ہذا کے ذریعے عوام الناس کو مطلع کیا جاتا ہے کہ مسمی محمد اسلم ولد محمد اشرف سکنہ لاہور نے اپنی جائیداد کے متعلق درخواست دائر کی ہے۔ اگر کسی کو اس پر کوئی اعتراض ہو تو وہ تاریخ اشاعت سے پندرہ یوم کے اندر دفتر ہذا میں رابطہ کرے بصورت دیگر کارروائی عمل میں لائی جائے گی۔ عدالت میں حاضر ہو کر اپنا موقف پیش کرے۔ اشتہار ہذا کے ذریعے عوام الناس کو مطلع کیا جاتا ہے کہ مسمی محمد اسلم ولد محمد اشرف سکنہ لاہور نے اپنی جائیداد کے متعلق درخواست دائر کی ہے۔ اگر کسی کو اس پر کوئی اعتراض ہو تو وہ تاریخ اشاعت سے پندرہ یوم کے اندر دفتر ہذا میں رابطہ کرے بصورت دیگر کارروائی عمل میں لائی جائے گی۔ عدالت میں حاضر ہو کر اپنا موقف پیش کرے۔ اشتہار ہذا کے ذریعے عوام الناس کو مطلع کیا جاتا ہے کہ مسمی محمد اسلم ولد محمد اشرف سکنہ لاہور نے اپنی جائیداد کے متعلق درخواست دائر کی ہے۔ اگر کسی کو اس پر کوئی اعتراض ہو تو وہ تاریخ اشاعت سے پندرہ یوم کے اندر دفتر ہذا میں رابطہ کرے بصورت دیگر کارروائی عمل میں لائی جائے گی۔ عدالت میں حاضر ہو کر اپنا موقف پیش کرے۔
ایڈووکیٹ ہائیکورٹ
28
اشتہار
اشتہار ہذا کے ذریعے عوام الناس کو مطلع کیا جاتا ہے کہ مسمی محمد اسلم ولد محمد اشرف سکنہ لاہور نے اپنی جائیداد کے متعلق درخواست دائر کی ہے۔ اگر کسی کو اس پر کوئی اعتراض ہو تو وہ تاریخ اشاعت سے پندرہ یوم کے اندر دفتر ہذا میں رابطہ کرے بصورت دیگر کارروائی عمل میں لائی جائے گی۔ عدالت میں حاضر ہو کر اپنا موقف پیش کرے۔ اشتہار ہذا کے ذریعے عوام الناس کو مطلع کیا جاتا ہے کہ مسمی محمد اسلم ولد محمد اشرف سکنہ لاہور نے اپنی جائیداد کے متعلق درخواست دائر کی ہے۔ اگر کسی کو اس پر کوئی اعتراض ہو تو وہ تاریخ اشاعت سے پندرہ یوم کے اندر دفتر ہذا میں رابطہ کرے بصورت دیگر کارروائی عمل میں لائی جائے گی۔ عدالت میں حاضر ہو کر اپنا موقف پیش کرے۔ اشتہار ہذا کے ذریعے عوام الناس کو مطلع کیا جاتا ہے کہ مسمی محمد اسلم ولد محمد اشرف سکنہ لاہور نے اپنی جائیداد کے متعلق درخواست دائر کی ہے۔ اگر کسی کو اس پر کوئی اعتراض ہو تو وہ تاریخ اشاعت سے پندرہ یوم کے اندر دفتر ہذا میں رابطہ کرے بصورت دیگر کارروائی عمل میں لائی جائے گی۔ عدالت میں حاضر ہو کر اپنا موقف پیش کرے۔ اشتہار ہذا کے ذریعے عوام الناس کو مطلع کیا جاتا ہے کہ مسمی محمد اسلم ولد محمد اشرف سکنہ لاہور نے اپنی جائیداد کے متعلق درخواست دائر کی ہے۔ اگر کسی کو اس پر کوئی اعتراض ہو تو وہ تاریخ اشاعت سے پندرہ یوم کے اندر دفتر ہذا میں رابطہ کرے بصورت دیگر کارروائی عمل میں لائی جائے گی۔ عدالت میں حاضر ہو کر اپنا موقف پیش کرے۔ اشتہار ہذا کے ذریعے عوام الناس کو مطلع کیا جاتا ہے کہ مسمی محمد اسلم ولد محمد اشرف سکنہ لاہور نے اپنی جائیداد کے متعلق درخواست دائر کی ہے۔ اگر کسی کو اس پر کوئی اعتراض ہو تو وہ تاریخ اشاعت سے پندرہ یوم کے اندر دفتر ہذا میں رابطہ کرے بصورت دیگر کارروائی عمل میں لائی جائے گی۔ عدالت میں حاضر ہو کر اپنا موقف پیش کرے۔
ایڈووکیٹ ہائیکورٹ
29
اشتہار
اشتہار ہذا کے ذریعے عوام الناس کو مطلع کیا جاتا ہے کہ مسمی محمد اسلم ولد محمد اشرف سکنہ لاہور نے اپنی جائیداد کے متعلق درخواست دائر کی ہے۔ اگر کسی کو اس پر کوئی اعتراض ہو تو وہ تاریخ اشاعت سے پندرہ یوم کے اندر دفتر ہذا میں رابطہ کرے بصورت دیگر کارروائی عمل میں لائی جائے گی۔ عدالت میں حاضر ہو کر اپنا موقف پیش کرے۔ اشتہار ہذا کے ذریعے عوام الناس کو مطلع کیا جاتا ہے کہ مسمی محمد اسلم ولد محمد اشرف سکنہ لاہور نے اپنی جائیداد کے متعلق درخواست دائر کی ہے۔ اگر کسی کو اس پر کوئی اعتراض ہو تو وہ تاریخ اشاعت سے پندرہ یوم کے اندر دفتر ہذا میں رابطہ کرے بصورت دیگر کارروائی عمل میں لائی جائے گی۔ عدالت میں حاضر ہو کر اپنا موقف پیش کرے۔
ایڈووکیٹ ہائیکورٹ
30
اشتہار
اشتہار ہذا کے ذریعے عوام الناس کو مطلع کیا جاتا ہے کہ مسمی محمد اسلم ولد محمد اشرف سکنہ لاہور نے اپنی جائیداد کے متعلق درخواست دائر کی ہے۔ اگر کسی کو اس پر کوئی اعتراض ہو تو وہ تاریخ اشاعت سے پندرہ یوم کے اندر دفتر ہذا میں رابطہ کرے بصورت دیگر کارروائی عمل میں لائی جائے گی۔ عدالت میں حاضر ہو کر اپنا موقف پیش کرے۔ اشتہار ہذا کے ذریعے عوام الناس کو مطلع کیا جاتا ہے کہ مسمی محمد اسلم ولد محمد اشرف سکنہ لاہور نے اپنی جائیداد کے متعلق درخواست دائر کی ہے۔ اگر کسی کو اس پر کوئی اعتراض ہو تو وہ تاریخ اشاعت سے پندرہ یوم کے اندر دفتر ہذا میں رابطہ کرے بصورت دیگر کارروائی عمل میں لائی جائے گی۔ عدالت میں حاضر ہو کر اپنا موقف پیش کرے۔ اشتہار ہذا کے ذریعے عوام الناس کو مطلع کیا جاتا ہے کہ مسمی محمد اسلم ولد محمد اشرف سکنہ لاہور نے اپنی جائیداد کے متعلق درخواست دائر کی ہے۔ اگر کسی کو اس پر کوئی اعتراض ہو تو وہ تاریخ اشاعت سے پندرہ یوم کے اندر دفتر ہذا میں رابطہ کرے بصورت دیگر کارروائی عمل میں لائی جائے گی۔ عدالت میں حاضر ہو کر اپنا موقف پیش کرے۔
ایڈووکیٹ ہائیکورٹ
31
اشتہار
اشتہار ہذا کے ذریعے عوام الناس کو مطلع کیا جاتا ہے کہ مسمی محمد اسلم ولد محمد اشرف سکنہ لاہور نے اپنی جائیداد کے متعلق درخواست دائر کی ہے۔ اگر کسی کو اس پر کوئی اعتراض ہو تو وہ تاریخ اشاعت سے پندرہ یوم کے اندر دفتر ہذا میں رابطہ کرے بصورت دیگر کارروائی عمل میں لائی جائے گی۔ عدالت میں حاضر ہو کر اپنا موقف پیش کرے۔ اشتہار ہذا کے ذریعے عوام الناس کو مطلع کیا جاتا ہے کہ مسمی محمد اسلم ولد محمد اشرف سکنہ لاہور نے اپنی جائیداد کے متعلق درخواست دائر کی ہے۔ اگر کسی کو اس پر کوئی اعتراض ہو تو وہ تاریخ اشاعت سے پندرہ یوم کے اندر دفتر ہذا میں رابطہ کرے بصورت دیگر کارروائی عمل میں لائی جائے گی۔ عدالت میں حاضر ہو کر اپنا موقف پیش کرے۔ اشتہار ہذا کے ذریعے عوام الناس کو مطلع کیا جاتا ہے کہ مسمی محمد اسلم ولد محمد اشرف سکنہ لاہور نے اپنی جائیداد کے متعلق درخواست دائر کی ہے۔ اگر کسی کو اس پر کوئی اعتراض ہو تو وہ تاریخ اشاعت سے پندرہ یوم کے اندر دفتر ہذا میں رابطہ کرے بصورت دیگر کارروائی عمل میں لائی جائے گی۔ عدالت میں حاضر ہو کر اپنا موقف پیش کرے۔ اشتہار ہذا کے ذریعے عوام الناس کو مطلع کیا جاتا ہے کہ مسمی محمد اسلم ولد محمد اشرف سکنہ لاہور نے اپنی جائیداد کے متعلق درخواست دائر کی ہے۔ اگر کسی کو اس پر کوئی اعتراض ہو تو وہ تاریخ اشاعت سے پندرہ یوم کے اندر دفتر ہذا میں رابطہ کرے بصورت دیگر کارروائی عمل میں لائی جائے گی۔ عدالت میں حاضر ہو کر اپنا موقف پیش کرے۔
ایڈووکیٹ ہائیکورٹ
32
اشتہار
اشتہار ہذا کے ذریعے عوام الناس کو مطلع کیا جاتا ہے کہ مسمی محمد اسلم ولد محمد اشرف سکنہ لاہور نے اپنی جائیداد کے متعلق درخواست دائر کی ہے۔ اگر کسی کو اس پر کوئی اعتراض ہو تو وہ تاریخ اشاعت سے پندرہ یوم کے اندر دفتر ہذا میں رابطہ کرے بصورت دیگر کارروائی عمل میں لائی جائے گی۔ عدالت میں حاضر ہو کر اپنا موقف پیش کرے۔ اشتہار ہذا کے ذریعے عوام الناس کو مطلع کیا جاتا ہے کہ مسمی محمد اسلم ولد محمد اشرف سکنہ لاہور نے اپنی جائیداد کے متعلق درخواست دائر کی ہے۔ اگر کسی کو اس پر کوئی اعتراض ہو تو وہ تاریخ اشاعت سے پندرہ یوم کے اندر دفتر ہذا میں رابطہ کرے بصورت دیگر کارروائی عمل میں لائی جائے گی۔ عدالت میں حاضر ہو کر اپنا موقف پیش کرے۔ اشتہار ہذا کے ذریعے عوام الناس کو مطلع کیا جاتا ہے کہ مسمی محمد اسلم ولد محمد اشرف سکنہ لاہور نے اپنی جائیداد کے متعلق درخواست دائر کی ہے۔ اگر کسی کو اس پر کوئی اعتراض ہو تو وہ تاریخ اشاعت سے پندرہ یوم کے اندر دفتر ہذا میں رابطہ کرے بصورت دیگر کارروائی عمل میں لائی جائے گی۔ عدالت میں حاضر ہو کر اپنا موقف پیش کرے۔ اشتہار ہذا کے ذریعے عوام الناس کو مطلع کیا جاتا ہے کہ مسمی محمد اسلم ولد محمد اشرف سکنہ لاہور نے اپنی جائیداد کے متعلق درخواست دائر کی ہے۔ اگر کسی کو اس پر کوئی اعتراض ہو تو وہ تاریخ اشاعت سے پندرہ یوم کے اندر دفتر ہذا میں رابطہ کرے بصورت دیگر کارروائی عمل میں لائی جائے گی۔ عدالت میں حاضر ہو کر اپنا موقف پیش کرے۔ اشتہار ہذا کے ذریعے عوام الناس کو مطلع کیا جاتا ہے کہ مسمی محمد اسلم ولد محمد اشرف سکنہ لاہور نے اپنی جائیداد کے متعلق درخواست دائر کی ہے۔ اگر کسی کو اس پر کوئی اعتراض ہو تو وہ تاریخ اشاعت سے پندرہ یوم کے اندر دفتر ہذا میں رابطہ کرے بصورت دیگر کارروائی عمل میں لائی جائے گی۔ عدالت میں حاضر ہو کر اپنا موقف پیش کرے۔
ایڈووکیٹ ہائیکورٹ
33
اشتہار
اشتہار ہذا کے ذریعے عوام الناس کو مطلع کیا جاتا ہے کہ مسمی محمد اسلم ولد محمد اشرف سکنہ لاہور نے اپنی جائیداد کے متعلق درخواست دائر کی ہے۔ اگر کسی کو اس پر کوئی اعتراض ہو تو وہ تاریخ اشاعت سے پندرہ یوم کے اندر دفتر ہذا میں رابطہ کرے بصورت دیگر کارروائی عمل میں لائی جائے گی۔ عدالت میں حاضر ہو کر اپنا موقف پیش کرے۔ اشتہار ہذا کے ذریعے عوام الناس کو مطلع کیا جاتا ہے کہ مسمی محمد اسلم ولد محمد اشرف سکنہ لاہور نے اپنی جائیداد کے متعلق درخواست دائر کی ہے۔ اگر کسی کو اس پر کوئی اعتراض ہو تو وہ تاریخ اشاعت سے پندرہ یوم کے اندر دفتر ہذا میں رابطہ کرے بصورت دیگر کارروائی عمل میں لائی جائے گی۔ عدالت میں حاضر ہو کر اپنا موقف پیش کرے۔
ایڈووکیٹ ہائیکورٹ
34
اشتہار
اشتہار ہذا کے ذریعے عوام الناس کو مطلع کیا جاتا ہے کہ مسمی محمد اسلم ولد محمد اشرف سکنہ لاہور نے اپنی جائیداد کے متعلق درخواست دائر کی ہے۔ اگر کسی کو اس پر کوئی اعتراض ہو تو وہ تاریخ اشاعت سے پندرہ یوم کے اندر دفتر ہذا میں رابطہ کرے بصورت دیگر کارروائی عمل میں لائی جائے گی۔ عدالت میں حاضر ہو کر اپنا موقف پیش کرے۔ اشتہار ہذا کے ذریعے عوام الناس کو مطلع کیا جاتا ہے کہ مسمی محمد اسلم ولد محمد اشرف سکنہ لاہور نے اپنی جائیداد کے متعلق درخواست دائر کی ہے۔ اگر کسی کو اس پر کوئی اعتراض ہو تو وہ تاریخ اشاعت سے پندرہ یوم کے اندر دفتر ہذا میں رابطہ کرے بصورت دیگر کارروائی عمل میں لائی جائے گی۔ عدالت میں حاضر ہو کر اپنا موقف پیش کرے۔ اشتہار ہذا کے ذریعے عوام الناس کو مطلع کیا جاتا ہے کہ مسمی محمد اسلم ولد محمد اشرف سکنہ لاہور نے اپنی جائیداد کے متعلق درخواست دائر کی ہے۔ اگر کسی کو اس پر کوئی اعتراض ہو تو وہ تاریخ اشاعت سے پندرہ یوم کے اندر دفتر ہذا میں رابطہ کرے بصورت دیگر کارروائی عمل میں لائی جائے گی۔ عدالت میں حاضر ہو کر اپنا موقف پیش کرے۔
ایڈووکیٹ ہائیکورٹ
35
اشتہار
اشتہار ہذا کے ذریعے عوام الناس کو مطلع کیا جاتا ہے کہ مسمی محمد اسلم ولد محمد اشرف سکنہ لاہور نے اپنی جائیداد کے متعلق درخواست دائر کی ہے۔ اگر کسی کو اس پر کوئی اعتراض ہو تو وہ تاریخ اشاعت سے پندرہ یوم کے اندر دفتر ہذا میں رابطہ کرے بصورت دیگر کارروائی عمل میں لائی جائے گی۔ عدالت میں حاضر ہو کر اپنا موقف پیش کرے۔ اشتہار ہذا کے ذریعے عوام الناس کو مطلع کیا جاتا ہے کہ مسمی محمد اسلم ولد محمد اشرف سکنہ لاہور نے اپنی جائیداد کے متعلق درخواست دائر کی ہے۔ اگر کسی کو اس پر کوئی اعتراض ہو تو وہ تاریخ اشاعت سے پندرہ یوم کے اندر دفتر ہذا میں رابطہ کرے بصورت دیگر کارروائی عمل میں لائی جائے گی۔ عدالت میں حاضر ہو کر اپنا موقف پیش کرے۔ اشتہار ہذا کے ذریعے عوام الناس کو مطلع کیا جاتا ہے کہ مسمی محمد اسلم ولد محمد اشرف سکنہ لاہور نے اپنی جائیداد کے متعلق درخواست دائر کی ہے۔ اگر کسی کو اس پر کوئی اعتراض ہو تو وہ تاریخ اشاعت سے پندرہ یوم کے اندر دفتر ہذا میں رابطہ کرے بصورت دیگر کارروائی عمل میں لائی جائے گی۔ عدالت میں حاضر ہو کر اپنا موقف پیش کرے۔ اشتہار ہذا کے ذریعے عوام الناس کو مطلع کیا جاتا ہے کہ مسمی محمد اسلم ولد محمد اشرف سکنہ لاہور نے اپنی جائیداد کے متعلق درخواست دائر کی ہے۔ اگر کسی کو اس پر کوئی اعتراض ہو تو وہ تاریخ اشاعت سے پندرہ یوم کے اندر دفتر ہذا میں رابطہ کرے بصورت دیگر کارروائی عمل میں لائی جائے گی۔ عدالت میں حاضر ہو کر اپنا موقف پیش کرے۔
ایڈووکیٹ ہائیکورٹ
36
اشتہار
اشتہار ہذا کے ذریعے عوام الناس کو مطلع کیا جاتا ہے کہ مسمی محمد اسلم ولد محمد اشرف سکنہ لاہور نے اپنی جائیداد کے متعلق درخواست دائر کی ہے۔ اگر کسی کو اس پر کوئی اعتراض ہو تو وہ تاریخ اشاعت سے پندرہ یوم کے اندر دفتر ہذا میں رابطہ کرے بصورت دیگر کارروائی عمل میں لائی جائے گی۔ عدالت میں حاضر ہو کر اپنا موقف پیش کرے۔ اشتہار ہذا کے ذریعے عوام الناس کو مطلع کیا جاتا ہے کہ مسمی محمد اسلم ولد محمد اشرف سکنہ لاہور نے اپنی جائیداد کے متعلق درخواست دائر کی ہے۔ اگر کسی کو اس پر کوئی اعتراض ہو تو وہ تاریخ اشاعت سے پندرہ یوم کے اندر دفتر ہذا میں رابطہ کرے بصورت دیگر کارروائی عمل میں لائی جائے گی۔ عدالت میں حاضر ہو کر اپنا موقف پیش کرے۔ اشتہار ہذا کے ذریعے عوام الناس کو مطلع کیا جاتا ہے کہ مسمی محمد اسلم ولد محمد اشرف سکنہ لاہور نے اپنی جائیداد کے متعلق درخواست دائر کی ہے۔ اگر کسی کو اس پر کوئی اعتراض ہو تو وہ تاریخ اشاعت سے پندرہ یوم کے اندر دفتر ہذا میں رابطہ کرے بصورت دیگر کارروائی عمل میں لائی جائے گی۔ عدالت میں حاضر ہو کر اپنا موقف پیش کرے۔ اشتہار ہذا کے ذریعے عوام الناس کو مطلع کیا جاتا ہے کہ مسمی محمد اسلم ولد محمد اشرف سکنہ لاہور نے اپنی جائیداد کے متعلق درخواست دائر کی ہے۔ اگر کسی کو اس پر کوئی اعتراض ہو تو وہ تاریخ اشاعت سے پندرہ یوم کے اندر دفتر ہذا میں رابطہ کرے بصورت دیگر کارروائی عمل میں لائی جائے گی۔ عدالت میں حاضر ہو کر اپنا موقف پیش کرے۔ اشتہار ہذا کے ذریعے عوام الناس کو مطلع کیا جاتا ہے کہ مسمی محمد اسلم ولد محمد اشرف سکنہ لاہور نے اپنی جائیداد کے متعلق درخواست دائر کی ہے۔ اگر کسی کو اس پر کوئی اعتراض ہو تو وہ تاریخ اشاعت سے پندرہ یوم کے اندر دفتر ہذا میں رابطہ کرے بصورت دیگر کارروائی عمل میں لائی جائے گی۔ عدالت میں حاضر ہو کر اپنا موقف پیش کرے۔
ایڈووکیٹ ہائیکورٹ
37
اشتہار
اشتہار ہذا کے ذریعے عوام الناس کو مطلع کیا جاتا ہے کہ مسمی محمد اسلم ولد محمد اشرف سکنہ لاہور نے اپنی جائیداد کے متعلق درخواست دائر کی ہے۔ اگر کسی کو اس پر کوئی اعتراض ہو تو وہ تاریخ اشاعت سے پندرہ یوم کے اندر دفتر ہذا میں رابطہ کرے بصورت دیگر کارروائی عمل میں لائی جائے گی۔ عدالت میں حاضر ہو کر اپنا موقف پیش کرے۔ اشتہار ہذا کے ذریعے عوام الناس کو مطلع کیا جاتا ہے کہ مسمی محمد اسلم ولد محمد اشرف سکنہ لاہور نے اپنی جائیداد کے متعلق درخواست دائر کی ہے۔ اگر کسی کو اس پر کوئی اعتراض ہو تو وہ تاریخ اشاعت سے پندرہ یوم کے اندر دفتر ہذا میں رابطہ کرے بصورت دیگر کارروائی عمل میں لائی جائے گی۔ عدالت میں حاضر ہو کر اپنا موقف پیش کرے۔
ایڈووکیٹ ہائیکورٹ
38
اشتہار
اشتہار ہذا کے ذریعے عوام الناس کو مطلع کیا جاتا ہے کہ مسمی محمد اسلم ولد محمد اشرف سکنہ لاہور نے اپنی جائیداد کے متعلق درخواست دائر کی ہے۔ اگر کسی کو اس پر کوئی اعتراض ہو تو وہ تاریخ اشاعت سے پندرہ یوم کے اندر دفتر ہذا میں رابطہ کرے بصورت دیگر کارروائی عمل میں لائی جائے گی۔ عدالت میں حاضر ہو کر اپنا موقف پیش کرے۔ اشتہار ہذا کے ذریعے عوام الناس کو مطلع کیا جاتا ہے کہ مسمی محمد اسلم ولد محمد اشرف سکنہ لاہور نے اپنی جائیداد کے متعلق درخواست دائر کی ہے۔ اگر کسی کو اس پر کوئی اعتراض ہو تو وہ تاریخ اشاعت سے پندرہ یوم کے اندر دفتر ہذا میں رابطہ کرے بصورت دیگر کارروائی عمل میں لائی جائے گی۔ عدالت میں حاضر ہو کر اپنا موقف پیش کرے۔ اشتہار ہذا کے ذریعے عوام الناس کو مطلع کیا جاتا ہے کہ مسمی محمد اسلم ولد محمد اشرف سکنہ لاہور نے اپنی جائیداد کے متعلق درخواست دائر کی ہے۔ اگر کسی کو اس پر کوئی اعتراض ہو تو وہ تاریخ اشاعت سے پندرہ یوم کے اندر دفتر ہذا میں رابطہ کرے بصورت دیگر کارروائی عمل میں لائی جائے گی۔ عدالت میں حاضر ہو کر اپنا موقف پیش کرے۔ اشتہار ہذا کے ذریعے عوام الناس کو مطلع کیا جاتا ہے کہ مسمی محمد اسلم ولد محمد اشرف سکنہ لاہور نے اپنی جائیداد کے متعلق درخواست دائر کی ہے۔ اگر کسی کو اس پر کوئی اعتراض ہو تو وہ تاریخ اشاعت سے پندرہ یوم کے اندر دفتر ہذا میں رابطہ کرے بصورت دیگر کارروائی عمل میں لائی جائے گی۔ عدالت میں حاضر ہو کر اپنا موقف پیش کرے۔ اشتہار ہذا کے ذریعے عوام الناس کو مطلع کیا جاتا ہے کہ مسمی محمد اسلم ولد محمد اشرف سکنہ لاہور نے اپنی جائیداد کے متعلق درخواست دائر کی ہے۔ اگر کسی کو اس پر کوئی اعتراض ہو تو وہ تاریخ اشاعت سے پندرہ یوم کے اندر دفتر ہذا میں رابطہ کرے بصورت دیگر کارروائی عمل میں لائی جائے گی۔ عدالت میں حاضر ہو کر اپنا موقف پیش کرے۔
ایڈووکیٹ ہائیکورٹ
39
اشتہار
اشتہار ہذا کے ذریعے عوام الناس کو مطلع کیا جاتا ہے کہ مسمی محمد اسلم ولد محمد اشرف سکنہ لاہور نے اپنی جائیداد کے متعلق درخواست دائر کی ہے۔ اگر کسی کو اس پر کوئی اعتراض ہو تو وہ تاریخ اشاعت سے پندرہ یوم کے اندر دفتر ہذا میں رابطہ کرے بصورت دیگر کارروائی عمل میں لائی جائے گی۔ عدالت میں حاضر ہو کر اپنا موقف پیش کرے۔ اشتہار ہذا کے ذریعے عوام الناس کو مطلع کیا جاتا ہے کہ مسمی محمد اسلم ولد محمد اشرف سکنہ لاہور نے اپنی جائیداد کے متعلق درخواست دائر کی ہے۔ اگر کسی کو اس پر کوئی اعتراض ہو تو وہ تاریخ اشاعت سے پندرہ یوم کے اندر دفتر ہذا میں رابطہ کرے بصورت دیگر کارروائی عمل میں لائی جائے گی۔ عدالت میں حاضر ہو کر اپنا موقف پیش کرے۔
ایڈووکیٹ ہائیکورٹ
40
اشتہار
اشتہار ہذا کے ذریعے عوام الناس کو مطلع کیا جاتا ہے کہ مسمی محمد اسلم ولد محمد اشرف سکنہ لاہور نے اپنی جائیداد کے متعلق درخواست دائر کی ہے۔ اگر کسی کو اس پر کوئی اعتراض ہو تو وہ تاریخ اشاعت سے پندرہ یوم کے اندر دفتر ہذا میں رابطہ کرے بصورت دیگر کارروائی عمل میں لائی جائے گی۔ عدالت میں حاضر ہو کر اپنا موقف پیش کرے۔ اشتہار ہذا کے ذریعے عوام الناس کو مطلع کیا جاتا ہے کہ مسمی محمد اسلم ولد محمد اشرف سکنہ لاہور نے اپنی جائیداد کے متعلق درخواست دائر کی ہے۔ اگر کسی کو اس پر کوئی اعتراض ہو تو وہ تاریخ اشاعت سے پندرہ یوم کے اندر دفتر ہذا میں رابطہ کرے بصورت دیگر کارروائی عمل میں لائی جائے گی۔ عدالت میں حاضر ہو کر اپنا موقف پیش کرے۔ اشتہار ہذا کے ذریعے عوام الناس کو مطلع کیا جاتا ہے کہ مسمی محمد اسلم ولد محمد اشرف سکنہ لاہور نے اپنی جائیداد کے متعلق درخواست دائر کی ہے۔ اگر کسی کو اس پر کوئی اعتراض ہو تو وہ تاریخ اشاعت سے پندرہ یوم کے اندر دفتر ہذا میں رابطہ کرے بصورت دیگر کارروائی عمل میں لائی جائے گی۔ عدالت میں حاضر ہو کر اپنا موقف پیش کرے۔
ایڈووکیٹ ہائیکورٹ
41
اشتہار
اشتہار ہذا کے ذریعے عوام الناس کو مطلع کیا جاتا ہے کہ مسمی محمد اسلم ولد محمد اشرف سکنہ لاہور نے اپنی جائیداد کے متعلق درخواست دائر کی ہے۔ اگر کسی کو اس پر کوئی اعتراض ہو تو وہ تاریخ اشاعت سے پندرہ یوم کے اندر دفتر ہذا میں رابطہ کرے بصورت دیگر کارروائی عمل میں لائی جائے گی۔ عدالت میں حاضر ہو کر اپنا موقف پیش کرے۔ اشتہار ہذا کے ذریعے عوام الناس کو مطلع کیا جاتا ہے کہ مسمی محمد اسلم ولد محمد اشرف سکنہ لاہور نے اپنی جائیداد کے متعلق درخواست دائر کی ہے۔ اگر کسی کو اس پر کوئی اعتراض ہو تو وہ تاریخ اشاعت سے پندرہ یوم کے اندر دفتر ہذا میں رابطہ کرے بصورت دیگر کارروائی عمل میں لائی جائے گی۔ عدالت میں حاضر ہو کر اپنا موقف پیش کرے۔ اشتہار ہذا کے ذریعے عوام الناس کو مطلع کیا جاتا ہے کہ مسمی محمد اسلم ولد محمد اشرف سکنہ لاہور نے اپنی جائیداد کے متعلق درخواست دائر کی ہے۔ اگر کسی کو اس پر کوئی اعتراض ہو تو وہ تاریخ اشاعت سے پندرہ یوم کے اندر دفتر ہذا میں رابطہ کرے بصورت دیگر کارروائی عمل میں لائی جائے گی۔ عدالت میں حاضر ہو کر اپنا موقف پیش کرے۔ اشتہار ہذا کے ذریعے عوام الناس کو مطلع کیا جاتا ہے کہ مسمی محمد اسلم ولد محمد اشرف سکنہ لاہور نے اپنی جائیداد کے متعلق درخواست دائر کی ہے۔ اگر کسی کو اس پر کوئی اعتراض ہو تو وہ تاریخ اشاعت سے پندرہ یوم کے اندر دفتر ہذا میں رابطہ کرے بصورت دیگر کارروائی عمل میں لائی جائے گی۔ عدالت میں حاضر ہو کر اپنا موقف پیش کرے۔
ایڈووکیٹ ہائیکورٹ
42
اشتہار
اشتہار ہذا کے ذریعے عوام الناس کو مطلع کیا جاتا ہے کہ مسمی محمد اسلم ولد محمد اشرف سکنہ لاہور نے اپنی جائیداد کے متعلق درخواست دائر کی ہے۔ اگر کسی کو اس پر کوئی اعتراض ہو تو وہ تاریخ اشاعت سے پندرہ یوم کے اندر دفتر ہذا میں رابطہ کرے بصورت دیگر کارروائی عمل میں لائی جائے گی۔ عدالت میں حاضر ہو کر اپنا موقف پیش کرے۔ اشتہار ہذا کے ذریعے عوام الناس کو مطلع کیا جاتا ہے کہ مسمی محمد اسلم ولد محمد اشرف سکنہ لاہور نے اپنی جائیداد کے متعلق درخواست دائر کی ہے۔ اگر کسی کو اس پر کوئی اعتراض ہو تو وہ تاریخ اشاعت سے پندرہ یوم کے اندر دفتر ہذا میں رابطہ کرے بصورت دیگر کارروائی عمل میں لائی جائے گی۔ عدالت میں حاضر ہو کر اپنا موقف پیش کرے۔ اشتہار ہذا کے ذریعے عوام الناس کو مطلع کیا جاتا ہے کہ مسمی محمد اسلم ولد محمد اشرف سکنہ لاہور نے اپنی جائیداد کے متعلق درخواست دائر کی ہے۔ اگر کسی کو اس پر کوئی اعتراض ہو تو وہ تاریخ اشاعت سے پندرہ یوم کے اندر دفتر ہذا میں رابطہ کرے بصورت دیگر کارروائی عمل میں لائی جائے گی۔ عدالت میں حاضر ہو کر اپنا موقف پیش کرے۔ اشتہار ہذا کے ذریعے عوام الناس کو مطلع کیا جاتا ہے کہ مسمی محمد اسلم ولد محمد اشرف سکنہ لاہور نے اپنی جائیداد کے متعلق درخواست دائر کی ہے۔ اگر کسی کو اس پر کوئی اعتراض ہو تو وہ تاریخ اشاعت سے پندرہ یوم کے اندر دفتر ہذا میں رابطہ کرے بصورت دیگر کارروائی عمل میں لائی جائے گی۔ عدالت میں حاضر ہو کر اپنا موقف پیش کرے۔ اشتہار ہذا کے ذریعے عوام الناس کو مطلع کیا جاتا ہے کہ مسمی محمد اسلم ولد محمد اشرف سکنہ لاہور نے اپنی جائیداد کے متعلق درخواست دائر کی ہے۔ اگر کسی کو اس پر کوئی اعتراض ہو تو وہ تاریخ اشاعت سے پندرہ یوم کے اندر دفتر ہذا میں رابطہ کرے بصورت دیگر کارروائی عمل میں لائی جائے گی۔ عدالت میں حاضر ہو کر اپنا موقف پیش کرے۔
ایڈووکیٹ ہائیکورٹ
43
اشتہار
اشتہار ہذا کے ذریعے عوام الناس کو مطلع کیا جاتا ہے کہ مسمی محمد اسلم ولد محمد اشرف سکنہ لاہور نے اپنی جائیداد کے متعلق درخواست دائر کی ہے۔ اگر کسی کو اس پر کوئی اعتراض ہو تو وہ تاریخ اشاعت سے پندرہ یوم کے اندر دفتر ہذا میں رابطہ کرے بصورت دیگر کارروائی عمل میں لائی جائے گی۔ عدالت میں حاضر ہو کر اپنا موقف پیش کرے۔ اشتہار ہذا کے ذریعے عوام الناس کو مطلع کیا جاتا ہے کہ مسمی محمد اسلم ولد محمد اشرف سکنہ لاہور نے اپنی جائیداد کے متعلق درخواست دائر کی ہے۔ اگر کسی کو اس پر کوئی اعتراض ہو تو وہ تاریخ اشاعت سے پندرہ یوم کے اندر دفتر ہذا میں رابطہ کرے بصورت دیگر کارروائی عمل میں لائی جائے گی۔ عدالت میں حاضر ہو کر اپنا موقف پیش کرے۔
ایڈووکیٹ ہائیکورٹ
44
اشتہار
اشتہار ہذا کے ذریعے عوام الناس کو مطلع کیا جاتا ہے کہ مسمی محمد اسلم ولد محمد اشرف سکنہ لاہور نے اپنی جائیداد کے متعلق درخواست دائر کی ہے۔ اگر کسی کو اس پر کوئی اعتراض ہو تو وہ تاریخ اشاعت سے پندرہ یوم کے اندر دفتر ہذا میں رابطہ کرے بصورت دیگر کارروائی عمل میں لائی جائے گی۔ عدالت میں حاضر ہو کر اپنا موقف پیش کرے۔ اشتہار ہذا کے ذریعے عوام الناس کو مطلع کیا جاتا ہے کہ مسمی محمد اسلم ولد محمد اشرف سکنہ لاہور نے اپنی جائیداد کے متعلق درخواست دائر کی ہے۔ اگر کسی کو اس پر کوئی اعتراض ہو تو وہ تاریخ اشاعت سے پندرہ یوم کے اندر دفتر ہذا میں رابطہ کرے بصورت دیگر کارروائی عمل میں لائی جائے گی۔ عدالت میں حاضر ہو کر اپنا موقف پیش کرے۔ اشتہار ہذا کے ذریعے عوام الناس کو مطلع کیا جاتا ہے کہ مسمی محمد اسلم ولد محمد اشرف سکنہ لاہور نے اپنی جائیداد کے متعلق درخواست دائر کی ہے۔ اگر کسی کو اس پر کوئی اعتراض ہو تو وہ تاریخ اشاعت سے پندرہ یوم کے اندر دفتر ہذا میں رابطہ کرے بصورت دیگر کارروائی عمل میں لائی جائے گی۔ عدالت میں حاضر ہو کر اپنا موقف پیش کرے۔ اشتہار ہذا کے ذریعے عوام الناس کو مطلع کیا جاتا ہے کہ مسمی محمد اسلم ولد محمد اشرف سکنہ لاہور نے اپنی جائیداد کے متعلق درخواست دائر کی ہے۔ اگر کسی کو اس پر کوئی اعتراض ہو تو وہ تاریخ اشاعت سے پندرہ یوم کے اندر دفتر ہذا میں رابطہ کرے بصورت دیگر کارروائی عمل میں لائی جائے گی۔ عدالت میں حاضر ہو کر اپنا موقف پیش کرے۔
ایڈووکیٹ ہائیکورٹ
45
اشتہار
اشتہار ہذا کے ذریعے عوام الناس کو مطلع کیا جاتا ہے کہ مسمی محمد اسلم ولد محمد اشرف سکنہ لاہور نے اپنی جائیداد کے متعلق درخواست دائر کی ہے۔ اگر کسی کو اس پر کوئی اعتراض ہو تو وہ تاریخ اشاعت سے پندرہ یوم کے اندر دفتر ہذا میں رابطہ کرے بصورت دیگر کارروائی عمل میں لائی جائے گی۔ عدالت میں حاضر ہو کر اپنا موقف پیش کرے۔ اشتہار ہذا کے ذریعے عوام الناس کو مطلع کیا جاتا ہے کہ مسمی محمد اسلم ولد محمد اشرف سکنہ لاہور نے اپنی جائیداد کے متعلق درخواست دائر کی ہے۔ اگر کسی کو اس پر کوئی اعتراض ہو تو وہ تاریخ اشاعت سے پندرہ یوم کے اندر دفتر ہذا میں رابطہ کرے بصورت دیگر کارروائی عمل میں لائی جائے گی۔ عدالت میں حاضر ہو کر اپنا موقف پیش کرے۔ اشتہار ہذا کے ذریعے عوام الناس کو مطلع کیا جاتا ہے کہ مسمی محمد اسلم ولد محمد اشرف سکنہ لاہور نے اپنی جائیداد کے متعلق درخواست دائر کی ہے۔ اگر کسی کو اس پر کوئی اعتراض ہو تو وہ تاریخ اشاعت سے پندرہ یوم کے اندر دفتر ہذا میں رابطہ کرے بصورت دیگر کارروائی عمل میں لائی جائے گی۔ عدالت میں حاضر ہو کر اپنا موقف پیش کرے۔ اشتہار ہذا کے ذریعے عوام الناس کو مطلع کیا جاتا ہے کہ مسمی محمد اسلم ولد محمد اشرف سکنہ لاہور نے اپنی جائیداد کے متعلق درخواست دائر کی ہے۔ اگر کسی کو اس پر کوئی اعتراض ہو تو وہ تاریخ اشاعت سے پندرہ یوم کے اندر دفتر ہذا میں رابطہ کرے بصورت دیگر کارروائی عمل میں لائی جائے گی۔ عدالت میں حاضر ہو کر اپنا موقف پیش کرے۔ اشتہار ہذا کے ذریعے عوام الناس کو مطلع کیا جاتا ہے کہ مسمی محمد اسلم ولد محمد اشرف سکنہ لاہور نے اپنی جائیداد کے متعلق درخواست دائر کی ہے۔ اگر کسی کو اس پر کوئی اعتراض ہو تو وہ تاریخ اشاعت سے پندرہ یوم کے اندر دفتر ہذا میں رابطہ کرے بصورت دیگر کارروائی عمل میں لائی جائے گی۔ عدالت میں حاضر ہو کر اپنا موقف پیش کرے۔
ایڈووکیٹ ہائیکورٹ
46
اشتہار
اشتہار ہذا کے ذریعے عوام الناس کو مطلع کیا جاتا ہے کہ مسمی محمد اسلم ولد محمد اشرف سکنہ لاہور نے اپنی جائیداد کے متعلق درخواست دائر کی ہے۔ اگر کسی کو اس پر کوئی اعتراض ہو تو وہ تاریخ اشاعت سے پندرہ یوم کے اندر دفتر ہذا میں رابطہ کرے بصورت دیگر کارروائی عمل میں لائی جائے گی۔ عدالت میں حاضر ہو کر اپنا موقف پیش کرے۔ اشتہار ہذا کے ذریعے عوام الناس کو مطلع کیا جاتا ہے کہ مسمی محمد اسلم ولد محمد اشرف سکنہ لاہور نے اپنی جائیداد کے متعلق درخواست دائر کی ہے۔ اگر کسی کو اس پر کوئی اعتراض ہو تو وہ تاریخ اشاعت سے پندرہ یوم کے اندر دفتر ہذا میں رابطہ کرے بصورت دیگر کارروائی عمل میں لائی جائے گی۔ عدالت میں حاضر ہو کر اپنا موقف پیش کرے۔
ایڈووکیٹ ہائیکورٹ
47
اشتہار
اشتہار ہذا کے ذریعے عوام الناس کو مطلع کیا جاتا ہے کہ مسمی محمد اسلم ولد محمد اشرف سکنہ لاہور نے اپنی جائیداد کے متعلق درخواست دائر کی ہے۔ اگر کسی کو اس پر کوئی اعتراض ہو تو وہ تاریخ اشاعت سے پندرہ یوم کے اندر دفتر ہذا میں رابطہ کرے بصورت دیگر کارروائی عمل میں لائی جائے گی۔ عدالت میں حاضر ہو کر اپنا موقف پیش کرے۔ اشتہار ہذا کے ذریعے عوام الناس کو مطلع کیا جاتا ہے کہ مسمی محمد اسلم ولد محمد اشرف سکنہ لاہور نے اپنی جائیداد کے متعلق درخواست دائر کی ہے۔ اگر کسی کو اس پر کوئی اعتراض ہو تو وہ تاریخ اشاعت سے پندرہ یوم کے اندر دفتر ہذا میں رابطہ کرے بصورت دیگر کارروائی عمل میں لائی جائے گی۔ عدالت میں حاضر ہو کر اپنا موقف پیش کرے۔ اشتہار ہذا کے ذریعے عوام الناس کو مطلع کیا جاتا ہے کہ مسمی محمد اسلم ولد محمد اشرف سکنہ لاہور نے اپنی جائیداد کے متعلق درخواست دائر کی ہے۔ اگر کسی کو اس پر کوئی اعتراض ہو تو وہ تاریخ اشاعت سے پندرہ یوم کے اندر دفتر ہذا میں رابطہ کرے بصورت دیگر کارروائی عمل میں لائی جائے گی۔ عدالت میں حاضر ہو کر اپنا موقف پیش کرے۔
ایڈووکیٹ ہائیکورٹ
48
اشتہار
اشتہار ہذا کے ذریعے عوام الناس کو مطلع کیا جاتا ہے کہ مسمی محمد اسلم ولد محمد اشرف سکنہ لاہور نے اپنی جائیداد کے متعلق درخواست دائر کی ہے۔ اگر کسی کو اس پر کوئی اعتراض ہو تو وہ تاریخ اشاعت سے پندرہ یوم کے اندر دفتر ہذا میں رابطہ کرے بصورت دیگر کارروائی عمل میں لائی جائے گی۔ عدالت میں حاضر ہو کر اپنا موقف پیش کرے۔ اشتہار ہذا کے ذریعے عوام الناس کو مطلع کیا جاتا ہے کہ مسمی محمد اسلم ولد محمد اشرف سکنہ لاہور نے اپنی جائیداد کے متعلق درخواست دائر کی ہے۔ اگر کسی کو اس پر کوئی اعتراض ہو تو وہ تاریخ اشاعت سے پندرہ یوم کے اندر دفتر ہذا میں رابطہ کرے بصورت دیگر کارروائی عمل میں لائی جائے گی۔ عدالت میں حاضر ہو کر اپنا موقف پیش کرے۔ اشتہار ہذا کے ذریعے عوام الناس کو مطلع کیا جاتا ہے کہ مسمی محمد اسلم ولد محمد اشرف سکنہ لاہور نے اپنی جائیداد کے متعلق درخواست دائر کی ہے۔ اگر کسی کو اس پر کوئی اعتراض ہو تو وہ تاریخ اشاعت سے پندرہ یوم کے اندر دفتر ہذا میں رابطہ کرے بصورت دیگر کارروائی عمل میں لائی جائے گی۔ عدالت میں حاضر ہو کر اپنا موقف پیش کرے۔ اشتہار ہذا کے ذریعے عوام الناس کو مطلع کیا جاتا ہے کہ مسمی محمد اسلم ولد محمد اشرف سکنہ لاہور نے اپنی جائیداد کے متعلق درخواست دائر کی ہے۔ اگر کسی کو اس پر کوئی اعتراض ہو تو وہ تاریخ اشاعت سے پندرہ یوم کے اندر دفتر ہذا میں رابطہ کرے بصورت دیگر کارروائی عمل میں لائی جائے گی۔ عدالت میں حاضر ہو کر اپنا موقف پیش کرے۔
ایڈووکیٹ ہائیکورٹ
49
اشتہار
اشتہار ہذا کے ذریعے عوام الناس کو مطلع کیا جاتا ہے کہ مسمی محمد اسلم ولد محمد اشرف سکنہ لاہور نے اپنی جائیداد کے متعلق درخواست دائر کی ہے۔ اگر کسی کو اس پر کوئی اعتراض ہو تو وہ تاریخ اشاعت سے پندرہ یوم کے اندر دفتر ہذا میں رابطہ کرے بصورت دیگر کارروائی عمل میں لائی جائے گی۔ عدالت میں حاضر ہو کر اپنا موقف پیش کرے۔ اشتہار ہذا کے ذریعے عوام الناس کو مطلع کیا جاتا ہے کہ مسمی محمد اسلم ولد محمد اشرف سکنہ لاہور نے اپنی جائیداد کے متعلق درخواست دائر کی ہے۔ اگر کسی کو اس پر کوئی اعتراض ہو تو وہ تاریخ اشاعت سے پندرہ یوم کے اندر دفتر ہذا میں رابطہ کرے بصورت دیگر کارروائی عمل میں لائی جائے گی۔ عدالت میں حاضر ہو کر اپنا موقف پیش کرے۔ اشتہار ہذا کے ذریعے عوام الناس کو مطلع کیا جاتا ہے کہ مسمی محمد اسلم ولد محمد اشرف سکنہ لاہور نے اپنی جائیداد کے متعلق درخواست دائر کی ہے۔ اگر کسی کو اس پر کوئی اعتراض ہو تو وہ تاریخ اشاعت سے پندرہ یوم کے اندر دفتر ہذا میں رابطہ کرے بصورت دیگر کارروائی عمل میں لائی جائے گی۔ عدالت میں حاضر ہو کر اپنا موقف پیش کرے۔
ایڈووکیٹ ہائیکورٹ
50
اشتہار
اشتہار ہذا کے ذریعے عوام الناس کو مطلع کیا جاتا ہے کہ مسمی محمد اسلم ولد محمد اشرف سکنہ لاہور نے اپنی جائیداد کے متعلق درخواست دائر کی ہے۔ اگر کسی کو اس پر کوئی اعتراض ہو تو وہ تاریخ اشاعت سے پندرہ یوم کے اندر دفتر ہذا میں رابطہ کرے بصورت دیگر کارروائی عمل میں لائی جائے گی۔ عدالت میں حاضر ہو کر اپنا موقف پیش کرے۔ اشتہار ہذا کے ذریعے عوام الناس کو مطلع کیا جاتا ہے کہ مسمی محمد اسلم ولد محمد اشرف سکنہ لاہور نے اپنی جائیداد کے متعلق درخواست دائر کی ہے۔ اگر کسی کو اس پر کوئی اعتراض ہو تو وہ تاریخ اشاعت سے پندرہ یوم کے اندر دفتر ہذا میں رابطہ کرے بصورت دیگر کارروائی عمل میں لائی جائے گی۔ عدالت میں حاضر ہو کر اپنا موقف پیش کرے۔ اشتہار ہذا کے ذریعے عوام الناس کو مطلع کیا جاتا ہے کہ مسمی محمد اسلم ولد محمد اشرف سکنہ لاہور نے اپنی جائیداد کے متعلق درخواست دائر کی ہے۔ اگر کسی کو اس پر کوئی اعتراض ہو تو وہ تاریخ اشاعت سے پندرہ یوم کے اندر دفتر ہذا میں رابطہ کرے بصورت دیگر کارروائی عمل میں لائی جائے گی۔ عدالت میں حاضر ہو کر اپنا موقف پیش کرے۔ اشتہار ہذا کے ذریعے عوام الناس کو مطلع کیا جاتا ہے کہ مسمی محمد اسلم ولد محمد اشرف سکنہ لاہور نے اپنی جائیداد کے متعلق درخواست دائر کی ہے۔ اگر کسی کو اس پر کوئی اعتراض ہو تو وہ تاریخ اشاعت سے پندرہ یوم کے اندر دفتر ہذا میں رابطہ کرے بصورت دیگر کارروائی عمل میں لائی جائے گی۔ عدالت میں حاضر ہو کر اپنا موقف پیش کرے۔
ایڈووکیٹ ہائیکورٹ
51
اشتہار
اشتہار ہذا کے ذریعے عوام الناس کو مطلع کیا جاتا ہے کہ مسمی محمد اسلم ولد محمد اشرف سکنہ لاہور نے اپنی جائیداد کے متعلق درخواست دائر کی ہے۔ اگر کسی کو اس پر کوئی اعتراض ہو تو وہ تاریخ اشاعت سے پندرہ یوم کے اندر دفتر ہذا میں رابطہ کرے بصورت دیگر کارروائی عمل میں لائی جائے گی۔ عدالت میں حاضر ہو کر اپنا موقف پیش کرے۔ اشتہار ہذا کے ذریعے عوام الناس کو مطلع کیا جاتا ہے کہ مسمی محمد اسلم ولد محمد اشرف سکنہ لاہور نے اپنی جائیداد کے متعلق درخواست دائر کی ہے۔ اگر کسی کو اس پر کوئی اعتراض ہو تو وہ تاریخ اشاعت سے پندرہ یوم کے اندر دفتر ہذا میں رابطہ کرے بصورت دیگر کارروائی عمل میں لائی جائے گی۔ عدالت میں حاضر ہو کر اپنا موقف پیش کرے۔ اشتہار ہذا کے ذریعے عوام الناس کو مطلع کیا جاتا ہے کہ مسمی محمد اسلم ولد محمد اشرف سکنہ لاہور نے اپنی جائیداد کے متعلق درخواست دائر کی ہے۔ اگر کسی کو اس پر کوئی اعتراض ہو تو وہ تاریخ اشاعت سے پندرہ یوم کے اندر دفتر ہذا میں رابطہ کرے بصورت دیگر کارروائی عمل میں لائی جائے گی۔ عدالت میں حاضر ہو کر اپنا موقف پیش کرے۔ اشتہار ہذا کے ذریعے عوام الناس کو مطلع کیا جاتا ہے کہ مسمی محمد اسلم ولد محمد اشرف سکنہ لاہور نے اپنی جائیداد کے متعلق درخواست دائر کی ہے۔ اگر کسی کو اس پر کوئی اعتراض ہو تو وہ تاریخ اشاعت سے پندرہ یوم کے اندر دفتر ہذا میں رابطہ کرے بصورت دیگر کارروائی عمل میں لائی جائے گی۔ عدالت میں حاضر ہو کر اپنا موقف پیش کرے۔ اشتہار ہذا کے ذریعے عوام الناس کو مطلع کیا جاتا ہے کہ مسمی محمد اسلم ولد محمد اشرف سکنہ لاہور نے اپنی جائیداد کے متعلق درخواست دائر کی ہے۔ اگر کسی کو اس پر کوئی اعتراض ہو تو وہ تاریخ اشاعت سے پندرہ یوم کے اندر دفتر ہذا میں رابطہ کرے بصورت دیگر کارروائی عمل میں لائی جائے گی۔ عدالت میں حاضر ہو کر اپنا موقف پیش کرے۔
ایڈووکیٹ ہائیکورٹ
52
اشتہار
اشتہار ہذا کے ذریعے عوام الناس کو مطلع کیا جاتا ہے کہ مسمی محمد اسلم ولد محمد اشرف سکنہ لاہور نے اپنی جائیداد کے متعلق درخواست دائر کی ہے۔ اگر کسی کو اس پر کوئی اعتراض ہو تو وہ تاریخ اشاعت سے پندرہ یوم کے اندر دفتر ہذا میں رابطہ کرے بصورت دیگر کارروائی عمل میں لائی جائے گی۔ عدالت میں حاضر ہو کر اپنا موقف پیش کرے۔ اشتہار ہذا کے ذریعے عوام الناس کو مطلع کیا جاتا ہے کہ مسمی محمد اسلم ولد محمد اشرف سکنہ لاہور نے اپنی جائیداد کے متعلق درخواست دائر کی ہے۔ اگر کسی کو اس پر کوئی اعتراض ہو تو وہ تاریخ اشاعت سے پندرہ یوم کے اندر دفتر ہذا میں رابطہ کرے بصورت دیگر کارروائی عمل میں لائی جائے گی۔ عدالت میں حاضر ہو کر اپنا موقف پیش کرے۔
ایڈووکیٹ ہائیکورٹ
